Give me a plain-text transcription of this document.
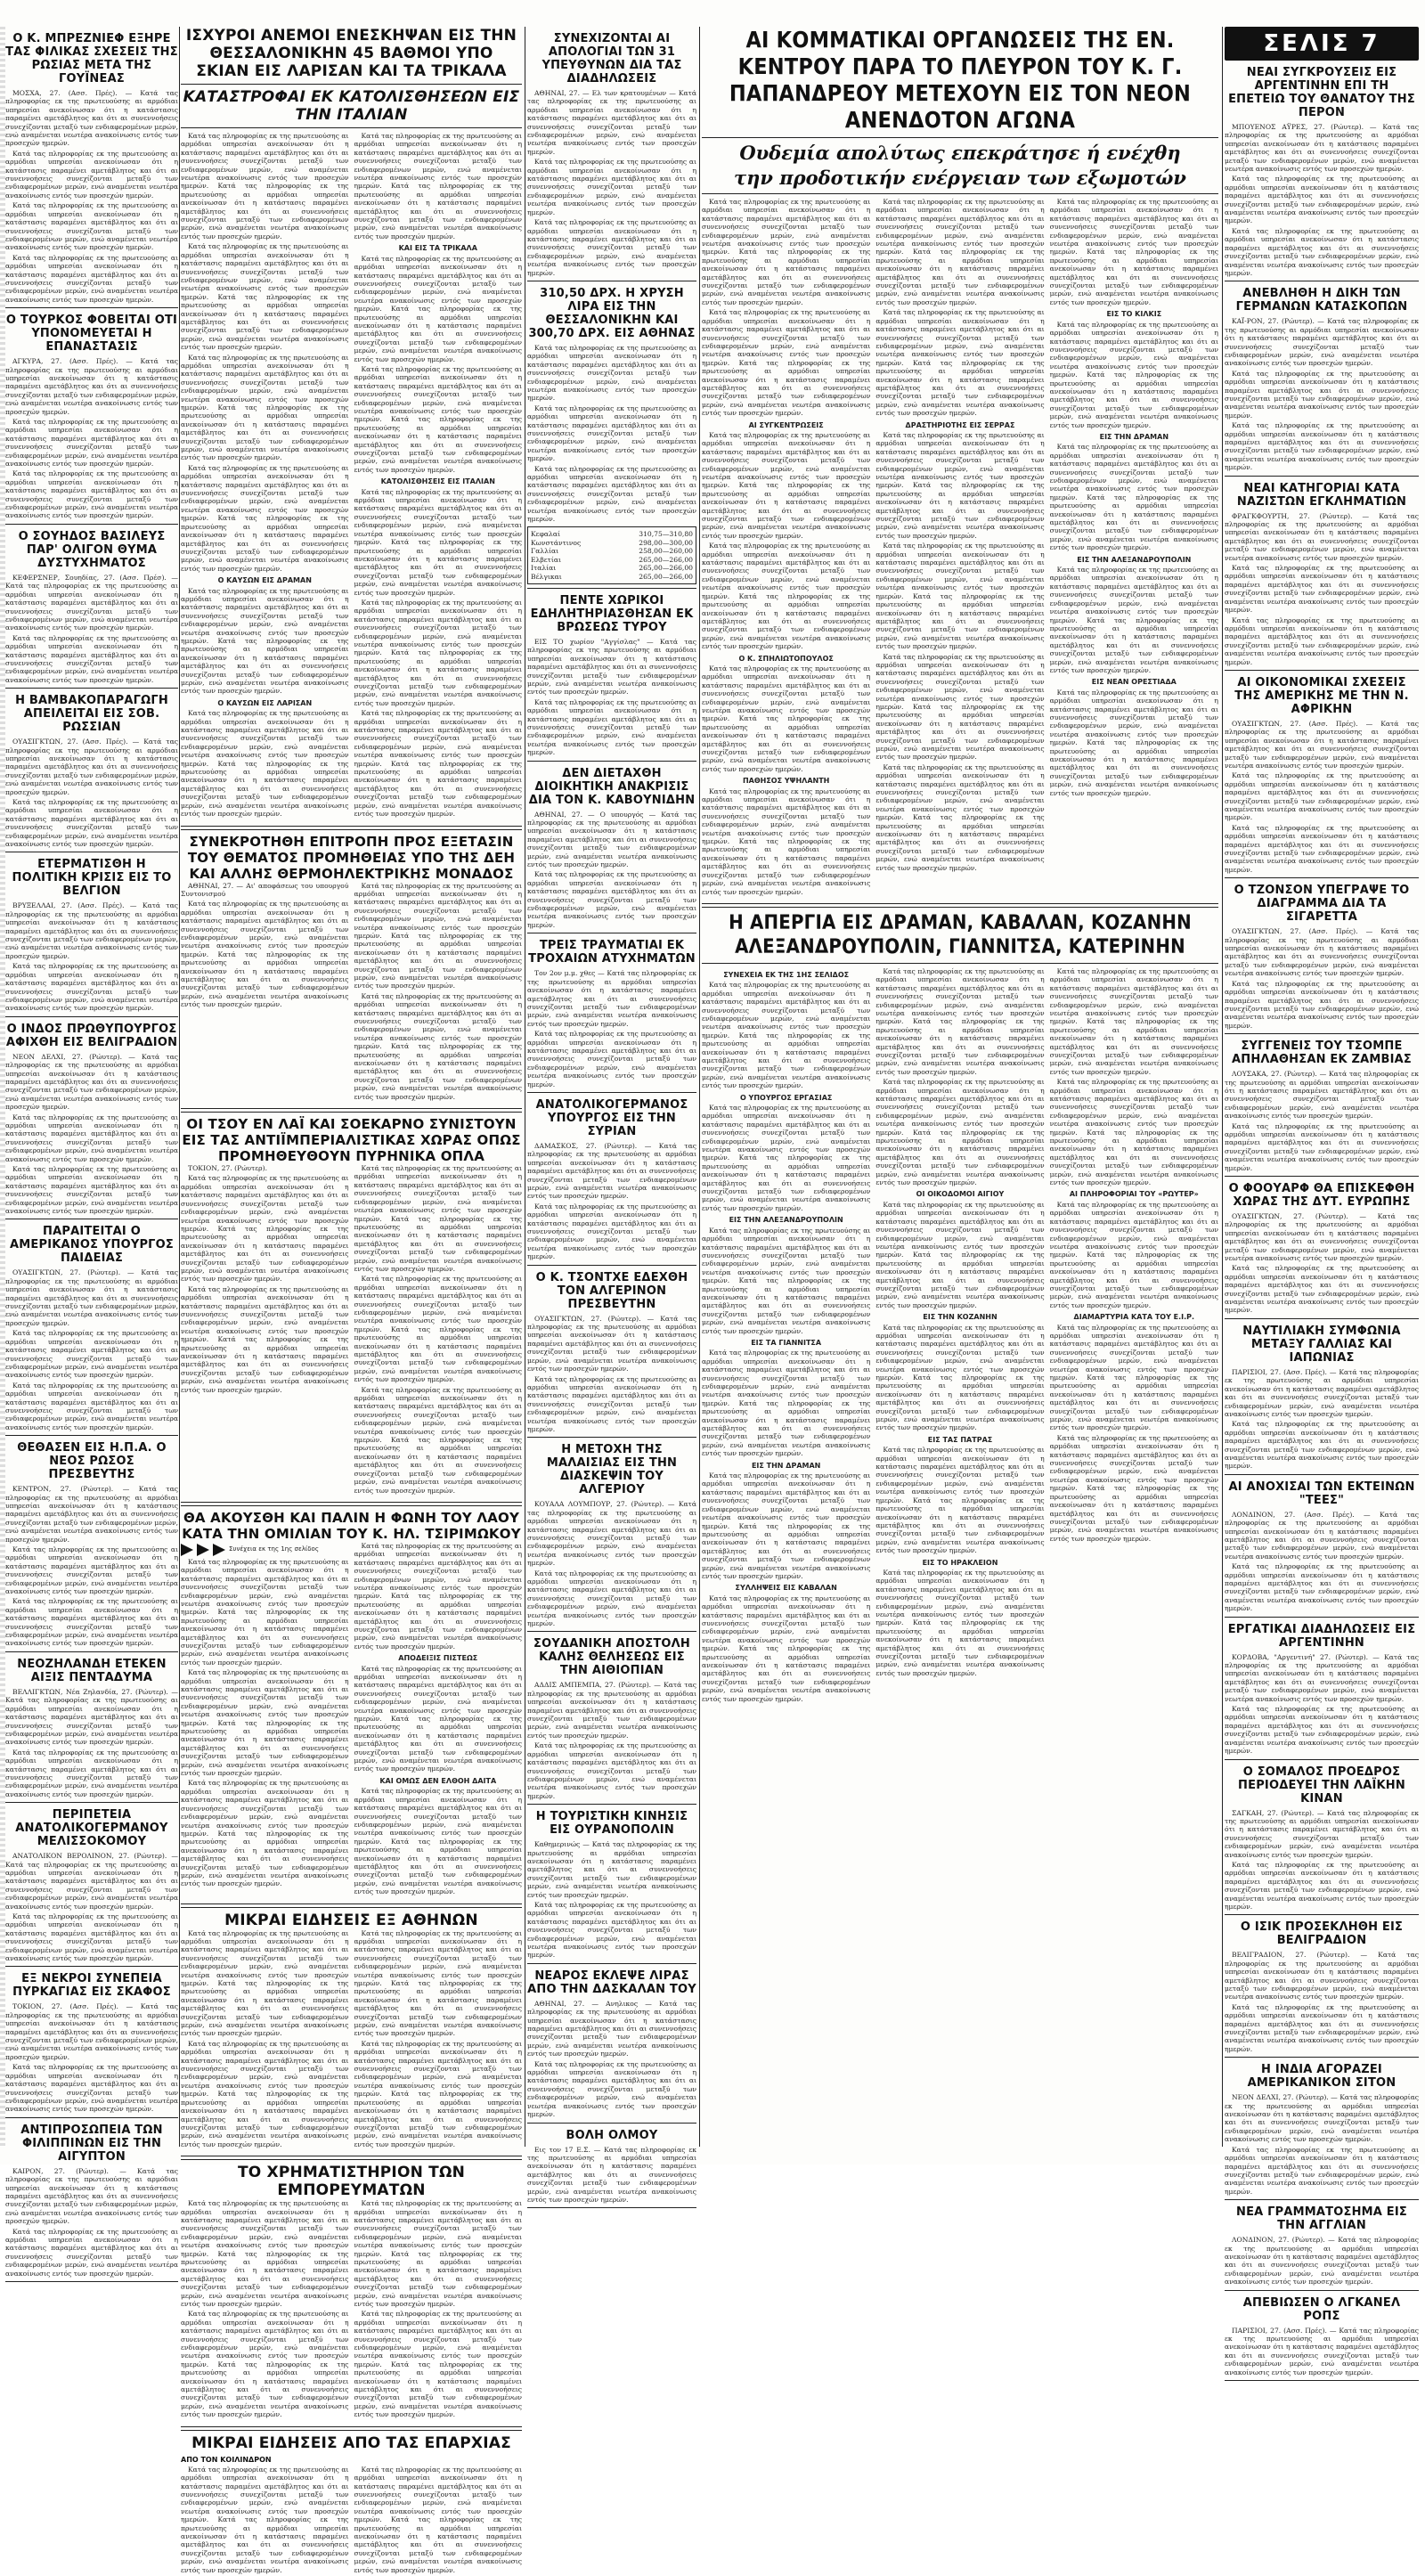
Ο Κ. ΜΠΡΕΖΝΙΕΦ ΕΞΗΡΕ ΤΑΣ ΦΙΛΙΚΑΣ ΣΧΕΣΕΙΣ ΤΗΣ ΡΩΣΙΑΣ ΜΕΤΑ ΤΗΣ ΓΟΥΪΝΕΑΣ

ΜΟΣΧΑ, 27. (Ασσ. Πρές). — Κατά τας πληροφορίας εκ της πρωτευούσης αι αρμόδιαι υπηρεσίαι ανεκοίνωσαν ότι η κατάστασις παραμένει αμετάβλητος και ότι αι συνεννοήσεις συνεχίζονται μεταξύ των ενδιαφερομένων μερών, ενώ αναμένεται νεωτέρα ανακοίνωσις εντός των προσεχών ημερών.

Κατά τας πληροφορίας εκ της πρωτευούσης αι αρμόδιαι υπηρεσίαι ανεκοίνωσαν ότι η κατάστασις παραμένει αμετάβλητος και ότι αι συνεννοήσεις συνεχίζονται μεταξύ των ενδιαφερομένων μερών, ενώ αναμένεται νεωτέρα ανακοίνωσις εντός των προσεχών ημερών.

Κατά τας πληροφορίας εκ της πρωτευούσης αι αρμόδιαι υπηρεσίαι ανεκοίνωσαν ότι η κατάστασις παραμένει αμετάβλητος και ότι αι συνεννοήσεις συνεχίζονται μεταξύ των ενδιαφερομένων μερών, ενώ αναμένεται νεωτέρα ανακοίνωσις εντός των προσεχών ημερών.

Κατά τας πληροφορίας εκ της πρωτευούσης αι αρμόδιαι υπηρεσίαι ανεκοίνωσαν ότι η κατάστασις παραμένει αμετάβλητος και ότι αι συνεννοήσεις συνεχίζονται μεταξύ των ενδιαφερομένων μερών, ενώ αναμένεται νεωτέρα ανακοίνωσις εντός των προσεχών ημερών.

Ο ΤΟΥΡΚΟΣ ΦΟΒΕΙΤΑΙ ΟΤΙ ΥΠΟΝΟΜΕΥΕΤΑΙ Η ΕΠΑΝΑΣΤΑΣΙΣ

ΑΓΚΥΡΑ, 27. (Ασσ. Πρές). — Κατά τας πληροφορίας εκ της πρωτευούσης αι αρμόδιαι υπηρεσίαι ανεκοίνωσαν ότι η κατάστασις παραμένει αμετάβλητος και ότι αι συνεννοήσεις συνεχίζονται μεταξύ των ενδιαφερομένων μερών, ενώ αναμένεται νεωτέρα ανακοίνωσις εντός των προσεχών ημερών.

Κατά τας πληροφορίας εκ της πρωτευούσης αι αρμόδιαι υπηρεσίαι ανεκοίνωσαν ότι η κατάστασις παραμένει αμετάβλητος και ότι αι συνεννοήσεις συνεχίζονται μεταξύ των ενδιαφερομένων μερών, ενώ αναμένεται νεωτέρα ανακοίνωσις εντός των προσεχών ημερών.

Κατά τας πληροφορίας εκ της πρωτευούσης αι αρμόδιαι υπηρεσίαι ανεκοίνωσαν ότι η κατάστασις παραμένει αμετάβλητος και ότι αι συνεννοήσεις συνεχίζονται μεταξύ των ενδιαφερομένων μερών, ενώ αναμένεται νεωτέρα ανακοίνωσις εντός των προσεχών ημερών.

Ο ΣΟΥΗΔΟΣ ΒΑΣΙΛΕΥΣ ΠΑΡ' ΟΛΙΓΟΝ ΘΥΜΑ ΔΥΣΤΥΧΗΜΑΤΟΣ

ΚΕΦΕΡΣΝΕΡ, Σουηδίας, 27. (Ασσ. Πρέσ). — Κατά τας πληροφορίας εκ της πρωτευούσης αι αρμόδιαι υπηρεσίαι ανεκοίνωσαν ότι η κατάστασις παραμένει αμετάβλητος και ότι αι συνεννοήσεις συνεχίζονται μεταξύ των ενδιαφερομένων μερών, ενώ αναμένεται νεωτέρα ανακοίνωσις εντός των προσεχών ημερών.

Κατά τας πληροφορίας εκ της πρωτευούσης αι αρμόδιαι υπηρεσίαι ανεκοίνωσαν ότι η κατάστασις παραμένει αμετάβλητος και ότι αι συνεννοήσεις συνεχίζονται μεταξύ των ενδιαφερομένων μερών, ενώ αναμένεται νεωτέρα ανακοίνωσις εντός των προσεχών ημερών.

Η ΒΑΜΒΑΚΟΠΑΡΑΓΩΓΗ ΑΠΕΙΛΕΙΤΑΙ ΕΙΣ ΣΟΒ. ΡΩΣΣΙΑΝ

ΟΥΑΣΙΓΚΤΩΝ, 27. (Ασσ. Πρές). — Κατά τας πληροφορίας εκ της πρωτευούσης αι αρμόδιαι υπηρεσίαι ανεκοίνωσαν ότι η κατάστασις παραμένει αμετάβλητος και ότι αι συνεννοήσεις συνεχίζονται μεταξύ των ενδιαφερομένων μερών, ενώ αναμένεται νεωτέρα ανακοίνωσις εντός των προσεχών ημερών.

Κατά τας πληροφορίας εκ της πρωτευούσης αι αρμόδιαι υπηρεσίαι ανεκοίνωσαν ότι η κατάστασις παραμένει αμετάβλητος και ότι αι συνεννοήσεις συνεχίζονται μεταξύ των ενδιαφερομένων μερών, ενώ αναμένεται νεωτέρα ανακοίνωσις εντός των προσεχών ημερών.

ΕΤΕΡΜΑΤΙΣΘΗ Η ΠΟΛΙΤΙΚΗ ΚΡΙΣΙΣ ΕΙΣ ΤΟ ΒΕΛΓΙΟΝ

ΒΡΥΞΕΛΛΑΙ, 27. (Ασσ. Πρές). — Κατά τας πληροφορίας εκ της πρωτευούσης αι αρμόδιαι υπηρεσίαι ανεκοίνωσαν ότι η κατάστασις παραμένει αμετάβλητος και ότι αι συνεννοήσεις συνεχίζονται μεταξύ των ενδιαφερομένων μερών, ενώ αναμένεται νεωτέρα ανακοίνωσις εντός των προσεχών ημερών.

Κατά τας πληροφορίας εκ της πρωτευούσης αι αρμόδιαι υπηρεσίαι ανεκοίνωσαν ότι η κατάστασις παραμένει αμετάβλητος και ότι αι συνεννοήσεις συνεχίζονται μεταξύ των ενδιαφερομένων μερών, ενώ αναμένεται νεωτέρα ανακοίνωσις εντός των προσεχών ημερών.

Ο ΙΝΔΟΣ ΠΡΩΘΥΠΟΥΡΓΟΣ ΑΦΙΧΘΗ ΕΙΣ ΒΕΛΙΓΡΑΔΙΟΝ

ΝΕΟΝ ΔΕΛΧΙ, 27. (Ρώυτερ). — Κατά τας πληροφορίας εκ της πρωτευούσης αι αρμόδιαι υπηρεσίαι ανεκοίνωσαν ότι η κατάστασις παραμένει αμετάβλητος και ότι αι συνεννοήσεις συνεχίζονται μεταξύ των ενδιαφερομένων μερών, ενώ αναμένεται νεωτέρα ανακοίνωσις εντός των προσεχών ημερών.

Κατά τας πληροφορίας εκ της πρωτευούσης αι αρμόδιαι υπηρεσίαι ανεκοίνωσαν ότι η κατάστασις παραμένει αμετάβλητος και ότι αι συνεννοήσεις συνεχίζονται μεταξύ των ενδιαφερομένων μερών, ενώ αναμένεται νεωτέρα ανακοίνωσις εντός των προσεχών ημερών.

Κατά τας πληροφορίας εκ της πρωτευούσης αι αρμόδιαι υπηρεσίαι ανεκοίνωσαν ότι η κατάστασις παραμένει αμετάβλητος και ότι αι συνεννοήσεις συνεχίζονται μεταξύ των ενδιαφερομένων μερών, ενώ αναμένεται νεωτέρα ανακοίνωσις εντός των προσεχών ημερών.

ΠΑΡΑΙΤΕΙΤΑΙ Ο ΑΜΕΡΙΚΑΝΟΣ ΥΠΟΥΡΓΟΣ ΠΑΙΔΕΙΑΣ

ΟΥΑΣΙΓΚΤΩΝ, 27. (Ρώυτερ). — Κατά τας πληροφορίας εκ της πρωτευούσης αι αρμόδιαι υπηρεσίαι ανεκοίνωσαν ότι η κατάστασις παραμένει αμετάβλητος και ότι αι συνεννοήσεις συνεχίζονται μεταξύ των ενδιαφερομένων μερών, ενώ αναμένεται νεωτέρα ανακοίνωσις εντός των προσεχών ημερών.

Κατά τας πληροφορίας εκ της πρωτευούσης αι αρμόδιαι υπηρεσίαι ανεκοίνωσαν ότι η κατάστασις παραμένει αμετάβλητος και ότι αι συνεννοήσεις συνεχίζονται μεταξύ των ενδιαφερομένων μερών, ενώ αναμένεται νεωτέρα ανακοίνωσις εντός των προσεχών ημερών.

Κατά τας πληροφορίας εκ της πρωτευούσης αι αρμόδιαι υπηρεσίαι ανεκοίνωσαν ότι η κατάστασις παραμένει αμετάβλητος και ότι αι συνεννοήσεις συνεχίζονται μεταξύ των ενδιαφερομένων μερών, ενώ αναμένεται νεωτέρα ανακοίνωσις εντός των προσεχών ημερών.

ΘΕΘΑΣΕΝ ΕΙΣ Η.Π.Α. Ο ΝΕΟΣ ΡΩΣΟΣ ΠΡΕΣΒΕΥΤΗΣ

ΚΕΝΤΡΟΝ, 27. (Ρώυτερ). — Κατά τας πληροφορίας εκ της πρωτευούσης αι αρμόδιαι υπηρεσίαι ανεκοίνωσαν ότι η κατάστασις παραμένει αμετάβλητος και ότι αι συνεννοήσεις συνεχίζονται μεταξύ των ενδιαφερομένων μερών, ενώ αναμένεται νεωτέρα ανακοίνωσις εντός των προσεχών ημερών.

Κατά τας πληροφορίας εκ της πρωτευούσης αι αρμόδιαι υπηρεσίαι ανεκοίνωσαν ότι η κατάστασις παραμένει αμετάβλητος και ότι αι συνεννοήσεις συνεχίζονται μεταξύ των ενδιαφερομένων μερών, ενώ αναμένεται νεωτέρα ανακοίνωσις εντός των προσεχών ημερών.

Κατά τας πληροφορίας εκ της πρωτευούσης αι αρμόδιαι υπηρεσίαι ανεκοίνωσαν ότι η κατάστασις παραμένει αμετάβλητος και ότι αι συνεννοήσεις συνεχίζονται μεταξύ των ενδιαφερομένων μερών, ενώ αναμένεται νεωτέρα ανακοίνωσις εντός των προσεχών ημερών.

ΝΕΟΖΗΛΑΝΔΗ ΕΤΕΚΕΝ ΑΙΞΙΣ ΠΕΝΤΑΔΥΜΑ

ΒΕΛΛΙΓΚΤΩΝ, Νέα Ζηλανδία, 27. (Ρώυτερ). — Κατά τας πληροφορίας εκ της πρωτευούσης αι αρμόδιαι υπηρεσίαι ανεκοίνωσαν ότι η κατάστασις παραμένει αμετάβλητος και ότι αι συνεννοήσεις συνεχίζονται μεταξύ των ενδιαφερομένων μερών, ενώ αναμένεται νεωτέρα ανακοίνωσις εντός των προσεχών ημερών.

Κατά τας πληροφορίας εκ της πρωτευούσης αι αρμόδιαι υπηρεσίαι ανεκοίνωσαν ότι η κατάστασις παραμένει αμετάβλητος και ότι αι συνεννοήσεις συνεχίζονται μεταξύ των ενδιαφερομένων μερών, ενώ αναμένεται νεωτέρα ανακοίνωσις εντός των προσεχών ημερών.

ΠΕΡΙΠΕΤΕΙΑ ΑΝΑΤΟΛΙΚΟΓΕΡΜΑΝΟΥ ΜΕΛΙΣΣΟΚΟΜΟΥ

ΑΝΑΤΟΛΙΚΟΝ ΒΕΡΟΛΙΝΟΝ, 27. (Ρώυτερ). — Κατά τας πληροφορίας εκ της πρωτευούσης αι αρμόδιαι υπηρεσίαι ανεκοίνωσαν ότι η κατάστασις παραμένει αμετάβλητος και ότι αι συνεννοήσεις συνεχίζονται μεταξύ των ενδιαφερομένων μερών, ενώ αναμένεται νεωτέρα ανακοίνωσις εντός των προσεχών ημερών.

Κατά τας πληροφορίας εκ της πρωτευούσης αι αρμόδιαι υπηρεσίαι ανεκοίνωσαν ότι η κατάστασις παραμένει αμετάβλητος και ότι αι συνεννοήσεις συνεχίζονται μεταξύ των ενδιαφερομένων μερών, ενώ αναμένεται νεωτέρα ανακοίνωσις εντός των προσεχών ημερών.

ΕΞ ΝΕΚΡΟΙ ΣΥΝΕΠΕΙΑ ΠΥΡΚΑΓΙΑΣ ΕΙΣ ΣΚΑΦΟΣ

ΤΟΚΙΟΝ, 27. (Ασσ. Πρές). — Κατά τας πληροφορίας εκ της πρωτευούσης αι αρμόδιαι υπηρεσίαι ανεκοίνωσαν ότι η κατάστασις παραμένει αμετάβλητος και ότι αι συνεννοήσεις συνεχίζονται μεταξύ των ενδιαφερομένων μερών, ενώ αναμένεται νεωτέρα ανακοίνωσις εντός των προσεχών ημερών.

Κατά τας πληροφορίας εκ της πρωτευούσης αι αρμόδιαι υπηρεσίαι ανεκοίνωσαν ότι η κατάστασις παραμένει αμετάβλητος και ότι αι συνεννοήσεις συνεχίζονται μεταξύ των ενδιαφερομένων μερών, ενώ αναμένεται νεωτέρα ανακοίνωσις εντός των προσεχών ημερών.

ΑΝΤΙΠΡΟΣΩΠΕΙΑ ΤΩΝ ΦΙΛΙΠΠΙΝΩΝ ΕΙΣ ΤΗΝ ΑΙΓΥΠΤΟΝ

ΚΑΙΡΟΝ, 27. (Ρώυτερ). — Κατά τας πληροφορίας εκ της πρωτευούσης αι αρμόδιαι υπηρεσίαι ανεκοίνωσαν ότι η κατάστασις παραμένει αμετάβλητος και ότι αι συνεννοήσεις συνεχίζονται μεταξύ των ενδιαφερομένων μερών, ενώ αναμένεται νεωτέρα ανακοίνωσις εντός των προσεχών ημερών.

Κατά τας πληροφορίας εκ της πρωτευούσης αι αρμόδιαι υπηρεσίαι ανεκοίνωσαν ότι η κατάστασις παραμένει αμετάβλητος και ότι αι συνεννοήσεις συνεχίζονται μεταξύ των ενδιαφερομένων μερών, ενώ αναμένεται νεωτέρα ανακοίνωσις εντός των προσεχών ημερών.

ΙΣΧΥΡΟΙ ΑΝΕΜΟΙ ΕΝΕΣΚΗΨΑΝ ΕΙΣ ΤΗΝ ΘΕΣΣΑΛΟΝΙΚΗΝ 45 ΒΑΘΜΟΙ ΥΠΟ ΣΚΙΑΝ ΕΙΣ ΛΑΡΙΣΑΝ ΚΑΙ ΤΑ ΤΡΙΚΑΛΑ
ΚΑΤΑΣΤΡΟΦΑΙ ΕΚ ΚΑΤΟΛΙΣΘΗΣΕΩΝ ΕΙΣ ΤΗΝ ΙΤΑΛΙΑΝ

Κατά τας πληροφορίας εκ της πρωτευούσης αι αρμόδιαι υπηρεσίαι ανεκοίνωσαν ότι η κατάστασις παραμένει αμετάβλητος και ότι αι συνεννοήσεις συνεχίζονται μεταξύ των ενδιαφερομένων μερών, ενώ αναμένεται νεωτέρα ανακοίνωσις εντός των προσεχών ημερών. Κατά τας πληροφορίας εκ της πρωτευούσης αι αρμόδιαι υπηρεσίαι ανεκοίνωσαν ότι η κατάστασις παραμένει αμετάβλητος και ότι αι συνεννοήσεις συνεχίζονται μεταξύ των ενδιαφερομένων μερών, ενώ αναμένεται νεωτέρα ανακοίνωσις εντός των προσεχών ημερών.

Κατά τας πληροφορίας εκ της πρωτευούσης αι αρμόδιαι υπηρεσίαι ανεκοίνωσαν ότι η κατάστασις παραμένει αμετάβλητος και ότι αι συνεννοήσεις συνεχίζονται μεταξύ των ενδιαφερομένων μερών, ενώ αναμένεται νεωτέρα ανακοίνωσις εντός των προσεχών ημερών. Κατά τας πληροφορίας εκ της πρωτευούσης αι αρμόδιαι υπηρεσίαι ανεκοίνωσαν ότι η κατάστασις παραμένει αμετάβλητος και ότι αι συνεννοήσεις συνεχίζονται μεταξύ των ενδιαφερομένων μερών, ενώ αναμένεται νεωτέρα ανακοίνωσις εντός των προσεχών ημερών.

Κατά τας πληροφορίας εκ της πρωτευούσης αι αρμόδιαι υπηρεσίαι ανεκοίνωσαν ότι η κατάστασις παραμένει αμετάβλητος και ότι αι συνεννοήσεις συνεχίζονται μεταξύ των ενδιαφερομένων μερών, ενώ αναμένεται νεωτέρα ανακοίνωσις εντός των προσεχών ημερών. Κατά τας πληροφορίας εκ της πρωτευούσης αι αρμόδιαι υπηρεσίαι ανεκοίνωσαν ότι η κατάστασις παραμένει αμετάβλητος και ότι αι συνεννοήσεις συνεχίζονται μεταξύ των ενδιαφερομένων μερών, ενώ αναμένεται νεωτέρα ανακοίνωσις εντός των προσεχών ημερών.

Κατά τας πληροφορίας εκ της πρωτευούσης αι αρμόδιαι υπηρεσίαι ανεκοίνωσαν ότι η κατάστασις παραμένει αμετάβλητος και ότι αι συνεννοήσεις συνεχίζονται μεταξύ των ενδιαφερομένων μερών, ενώ αναμένεται νεωτέρα ανακοίνωσις εντός των προσεχών ημερών. Κατά τας πληροφορίας εκ της πρωτευούσης αι αρμόδιαι υπηρεσίαι ανεκοίνωσαν ότι η κατάστασις παραμένει αμετάβλητος και ότι αι συνεννοήσεις συνεχίζονται μεταξύ των ενδιαφερομένων μερών, ενώ αναμένεται νεωτέρα ανακοίνωσις εντός των προσεχών ημερών.

Ο ΚΑΥΣΩΝ ΕΙΣ ΔΡΑΜΑΝ

Κατά τας πληροφορίας εκ της πρωτευούσης αι αρμόδιαι υπηρεσίαι ανεκοίνωσαν ότι η κατάστασις παραμένει αμετάβλητος και ότι αι συνεννοήσεις συνεχίζονται μεταξύ των ενδιαφερομένων μερών, ενώ αναμένεται νεωτέρα ανακοίνωσις εντός των προσεχών ημερών. Κατά τας πληροφορίας εκ της πρωτευούσης αι αρμόδιαι υπηρεσίαι ανεκοίνωσαν ότι η κατάστασις παραμένει αμετάβλητος και ότι αι συνεννοήσεις συνεχίζονται μεταξύ των ενδιαφερομένων μερών, ενώ αναμένεται νεωτέρα ανακοίνωσις εντός των προσεχών ημερών.

Ο ΚΑΥΣΩΝ ΕΙΣ ΛΑΡΙΣΑΝ

Κατά τας πληροφορίας εκ της πρωτευούσης αι αρμόδιαι υπηρεσίαι ανεκοίνωσαν ότι η κατάστασις παραμένει αμετάβλητος και ότι αι συνεννοήσεις συνεχίζονται μεταξύ των ενδιαφερομένων μερών, ενώ αναμένεται νεωτέρα ανακοίνωσις εντός των προσεχών ημερών. Κατά τας πληροφορίας εκ της πρωτευούσης αι αρμόδιαι υπηρεσίαι ανεκοίνωσαν ότι η κατάστασις παραμένει αμετάβλητος και ότι αι συνεννοήσεις συνεχίζονται μεταξύ των ενδιαφερομένων μερών, ενώ αναμένεται νεωτέρα ανακοίνωσις εντός των προσεχών ημερών.

Κατά τας πληροφορίας εκ της πρωτευούσης αι αρμόδιαι υπηρεσίαι ανεκοίνωσαν ότι η κατάστασις παραμένει αμετάβλητος και ότι αι συνεννοήσεις συνεχίζονται μεταξύ των ενδιαφερομένων μερών, ενώ αναμένεται νεωτέρα ανακοίνωσις εντός των προσεχών ημερών. Κατά τας πληροφορίας εκ της πρωτευούσης αι αρμόδιαι υπηρεσίαι ανεκοίνωσαν ότι η κατάστασις παραμένει αμετάβλητος και ότι αι συνεννοήσεις συνεχίζονται μεταξύ των ενδιαφερομένων μερών, ενώ αναμένεται νεωτέρα ανακοίνωσις εντός των προσεχών ημερών.

ΚΑΙ ΕΙΣ ΤΑ ΤΡΙΚΑΛΑ

Κατά τας πληροφορίας εκ της πρωτευούσης αι αρμόδιαι υπηρεσίαι ανεκοίνωσαν ότι η κατάστασις παραμένει αμετάβλητος και ότι αι συνεννοήσεις συνεχίζονται μεταξύ των ενδιαφερομένων μερών, ενώ αναμένεται νεωτέρα ανακοίνωσις εντός των προσεχών ημερών. Κατά τας πληροφορίας εκ της πρωτευούσης αι αρμόδιαι υπηρεσίαι ανεκοίνωσαν ότι η κατάστασις παραμένει αμετάβλητος και ότι αι συνεννοήσεις συνεχίζονται μεταξύ των ενδιαφερομένων μερών, ενώ αναμένεται νεωτέρα ανακοίνωσις εντός των προσεχών ημερών.

Κατά τας πληροφορίας εκ της πρωτευούσης αι αρμόδιαι υπηρεσίαι ανεκοίνωσαν ότι η κατάστασις παραμένει αμετάβλητος και ότι αι συνεννοήσεις συνεχίζονται μεταξύ των ενδιαφερομένων μερών, ενώ αναμένεται νεωτέρα ανακοίνωσις εντός των προσεχών ημερών. Κατά τας πληροφορίας εκ της πρωτευούσης αι αρμόδιαι υπηρεσίαι ανεκοίνωσαν ότι η κατάστασις παραμένει αμετάβλητος και ότι αι συνεννοήσεις συνεχίζονται μεταξύ των ενδιαφερομένων μερών, ενώ αναμένεται νεωτέρα ανακοίνωσις εντός των προσεχών ημερών.

ΚΑΤΟΛΙΣΘΗΣΕΙΣ ΕΙΣ ΙΤΑΛΙΑΝ

Κατά τας πληροφορίας εκ της πρωτευούσης αι αρμόδιαι υπηρεσίαι ανεκοίνωσαν ότι η κατάστασις παραμένει αμετάβλητος και ότι αι συνεννοήσεις συνεχίζονται μεταξύ των ενδιαφερομένων μερών, ενώ αναμένεται νεωτέρα ανακοίνωσις εντός των προσεχών ημερών. Κατά τας πληροφορίας εκ της πρωτευούσης αι αρμόδιαι υπηρεσίαι ανεκοίνωσαν ότι η κατάστασις παραμένει αμετάβλητος και ότι αι συνεννοήσεις συνεχίζονται μεταξύ των ενδιαφερομένων μερών, ενώ αναμένεται νεωτέρα ανακοίνωσις εντός των προσεχών ημερών.

Κατά τας πληροφορίας εκ της πρωτευούσης αι αρμόδιαι υπηρεσίαι ανεκοίνωσαν ότι η κατάστασις παραμένει αμετάβλητος και ότι αι συνεννοήσεις συνεχίζονται μεταξύ των ενδιαφερομένων μερών, ενώ αναμένεται νεωτέρα ανακοίνωσις εντός των προσεχών ημερών. Κατά τας πληροφορίας εκ της πρωτευούσης αι αρμόδιαι υπηρεσίαι ανεκοίνωσαν ότι η κατάστασις παραμένει αμετάβλητος και ότι αι συνεννοήσεις συνεχίζονται μεταξύ των ενδιαφερομένων μερών, ενώ αναμένεται νεωτέρα ανακοίνωσις εντός των προσεχών ημερών.

Κατά τας πληροφορίας εκ της πρωτευούσης αι αρμόδιαι υπηρεσίαι ανεκοίνωσαν ότι η κατάστασις παραμένει αμετάβλητος και ότι αι συνεννοήσεις συνεχίζονται μεταξύ των ενδιαφερομένων μερών, ενώ αναμένεται νεωτέρα ανακοίνωσις εντός των προσεχών ημερών. Κατά τας πληροφορίας εκ της πρωτευούσης αι αρμόδιαι υπηρεσίαι ανεκοίνωσαν ότι η κατάστασις παραμένει αμετάβλητος και ότι αι συνεννοήσεις συνεχίζονται μεταξύ των ενδιαφερομένων μερών, ενώ αναμένεται νεωτέρα ανακοίνωσις εντός των προσεχών ημερών.

ΣΥΝΕΚΡΟΤΗΘΗ ΕΠΙΤΡΟΠΗ ΠΡΟΣ ΕΞΕΤΑΣΙΝ ΤΟΥ ΘΕΜΑΤΟΣ ΠΡΟΜΗΘΕΙΑΣ ΥΠΟ ΤΗΣ ΔΕΗ ΚΑΙ ΑΛΛΗΣ ΘΕΡΜΟΗΛΕΚΤΡΙΚΗΣ ΜΟΝΑΔΟΣ

ΑΘΗΝΑΙ, 27. — Αι' αποφάσεως του υπουργού Συντονισμού

Κατά τας πληροφορίας εκ της πρωτευούσης αι αρμόδιαι υπηρεσίαι ανεκοίνωσαν ότι η κατάστασις παραμένει αμετάβλητος και ότι αι συνεννοήσεις συνεχίζονται μεταξύ των ενδιαφερομένων μερών, ενώ αναμένεται νεωτέρα ανακοίνωσις εντός των προσεχών ημερών. Κατά τας πληροφορίας εκ της πρωτευούσης αι αρμόδιαι υπηρεσίαι ανεκοίνωσαν ότι η κατάστασις παραμένει αμετάβλητος και ότι αι συνεννοήσεις συνεχίζονται μεταξύ των ενδιαφερομένων μερών, ενώ αναμένεται νεωτέρα ανακοίνωσις εντός των προσεχών ημερών.

Κατά τας πληροφορίας εκ της πρωτευούσης αι αρμόδιαι υπηρεσίαι ανεκοίνωσαν ότι η κατάστασις παραμένει αμετάβλητος και ότι αι συνεννοήσεις συνεχίζονται μεταξύ των ενδιαφερομένων μερών, ενώ αναμένεται νεωτέρα ανακοίνωσις εντός των προσεχών ημερών. Κατά τας πληροφορίας εκ της πρωτευούσης αι αρμόδιαι υπηρεσίαι ανεκοίνωσαν ότι η κατάστασις παραμένει αμετάβλητος και ότι αι συνεννοήσεις συνεχίζονται μεταξύ των ενδιαφερομένων μερών, ενώ αναμένεται νεωτέρα ανακοίνωσις εντός των προσεχών ημερών.

Κατά τας πληροφορίας εκ της πρωτευούσης αι αρμόδιαι υπηρεσίαι ανεκοίνωσαν ότι η κατάστασις παραμένει αμετάβλητος και ότι αι συνεννοήσεις συνεχίζονται μεταξύ των ενδιαφερομένων μερών, ενώ αναμένεται νεωτέρα ανακοίνωσις εντός των προσεχών ημερών. Κατά τας πληροφορίας εκ της πρωτευούσης αι αρμόδιαι υπηρεσίαι ανεκοίνωσαν ότι η κατάστασις παραμένει αμετάβλητος και ότι αι συνεννοήσεις συνεχίζονται μεταξύ των ενδιαφερομένων μερών, ενώ αναμένεται νεωτέρα ανακοίνωσις εντός των προσεχών ημερών.

ΟΙ ΤΣΟΥ ΕΝ ΛΑΪ ΚΑΙ ΣΟΕΚΑΡΝΟ ΣΥΝΙΣΤΟΥΝ ΕΙΣ ΤΑΣ ΑΝΤΙΪΜΠΕΡΙΑΛΙΣΤΙΚΑΣ ΧΩΡΑΣ ΟΠΩΣ ΠΡΟΜΗΘΕΥΘΟΥΝ ΠΥΡΗΝΙΚΑ ΟΠΛΑ

ΤΟΚΙΟΝ, 27. (Ρώυτερ).

Κατά τας πληροφορίας εκ της πρωτευούσης αι αρμόδιαι υπηρεσίαι ανεκοίνωσαν ότι η κατάστασις παραμένει αμετάβλητος και ότι αι συνεννοήσεις συνεχίζονται μεταξύ των ενδιαφερομένων μερών, ενώ αναμένεται νεωτέρα ανακοίνωσις εντός των προσεχών ημερών. Κατά τας πληροφορίας εκ της πρωτευούσης αι αρμόδιαι υπηρεσίαι ανεκοίνωσαν ότι η κατάστασις παραμένει αμετάβλητος και ότι αι συνεννοήσεις συνεχίζονται μεταξύ των ενδιαφερομένων μερών, ενώ αναμένεται νεωτέρα ανακοίνωσις εντός των προσεχών ημερών.

Κατά τας πληροφορίας εκ της πρωτευούσης αι αρμόδιαι υπηρεσίαι ανεκοίνωσαν ότι η κατάστασις παραμένει αμετάβλητος και ότι αι συνεννοήσεις συνεχίζονται μεταξύ των ενδιαφερομένων μερών, ενώ αναμένεται νεωτέρα ανακοίνωσις εντός των προσεχών ημερών. Κατά τας πληροφορίας εκ της πρωτευούσης αι αρμόδιαι υπηρεσίαι ανεκοίνωσαν ότι η κατάστασις παραμένει αμετάβλητος και ότι αι συνεννοήσεις συνεχίζονται μεταξύ των ενδιαφερομένων μερών, ενώ αναμένεται νεωτέρα ανακοίνωσις εντός των προσεχών ημερών.

Κατά τας πληροφορίας εκ της πρωτευούσης αι αρμόδιαι υπηρεσίαι ανεκοίνωσαν ότι η κατάστασις παραμένει αμετάβλητος και ότι αι συνεννοήσεις συνεχίζονται μεταξύ των ενδιαφερομένων μερών, ενώ αναμένεται νεωτέρα ανακοίνωσις εντός των προσεχών ημερών. Κατά τας πληροφορίας εκ της πρωτευούσης αι αρμόδιαι υπηρεσίαι ανεκοίνωσαν ότι η κατάστασις παραμένει αμετάβλητος και ότι αι συνεννοήσεις συνεχίζονται μεταξύ των ενδιαφερομένων μερών, ενώ αναμένεται νεωτέρα ανακοίνωσις εντός των προσεχών ημερών.

Κατά τας πληροφορίας εκ της πρωτευούσης αι αρμόδιαι υπηρεσίαι ανεκοίνωσαν ότι η κατάστασις παραμένει αμετάβλητος και ότι αι συνεννοήσεις συνεχίζονται μεταξύ των ενδιαφερομένων μερών, ενώ αναμένεται νεωτέρα ανακοίνωσις εντός των προσεχών ημερών. Κατά τας πληροφορίας εκ της πρωτευούσης αι αρμόδιαι υπηρεσίαι ανεκοίνωσαν ότι η κατάστασις παραμένει αμετάβλητος και ότι αι συνεννοήσεις συνεχίζονται μεταξύ των ενδιαφερομένων μερών, ενώ αναμένεται νεωτέρα ανακοίνωσις εντός των προσεχών ημερών.

Κατά τας πληροφορίας εκ της πρωτευούσης αι αρμόδιαι υπηρεσίαι ανεκοίνωσαν ότι η κατάστασις παραμένει αμετάβλητος και ότι αι συνεννοήσεις συνεχίζονται μεταξύ των ενδιαφερομένων μερών, ενώ αναμένεται νεωτέρα ανακοίνωσις εντός των προσεχών ημερών. Κατά τας πληροφορίας εκ της πρωτευούσης αι αρμόδιαι υπηρεσίαι ανεκοίνωσαν ότι η κατάστασις παραμένει αμετάβλητος και ότι αι συνεννοήσεις συνεχίζονται μεταξύ των ενδιαφερομένων μερών, ενώ αναμένεται νεωτέρα ανακοίνωσις εντός των προσεχών ημερών.

ΘΑ ΑΚΟΥΣΘΗ ΚΑΙ ΠΑΛΙΝ Η ΦΩΝΗ ΤΟΥ ΛΑΟΥ ΚΑΤΑ ΤΗΝ ΟΜΙΛΙΑΝ ΤΟΥ Κ. ΗΛ. ΤΣΙΡΙΜΩΚΟΥ
Συνέχεια εκ της 1ης σελίδος

Κατά τας πληροφορίας εκ της πρωτευούσης αι αρμόδιαι υπηρεσίαι ανεκοίνωσαν ότι η κατάστασις παραμένει αμετάβλητος και ότι αι συνεννοήσεις συνεχίζονται μεταξύ των ενδιαφερομένων μερών, ενώ αναμένεται νεωτέρα ανακοίνωσις εντός των προσεχών ημερών. Κατά τας πληροφορίας εκ της πρωτευούσης αι αρμόδιαι υπηρεσίαι ανεκοίνωσαν ότι η κατάστασις παραμένει αμετάβλητος και ότι αι συνεννοήσεις συνεχίζονται μεταξύ των ενδιαφερομένων μερών, ενώ αναμένεται νεωτέρα ανακοίνωσις εντός των προσεχών ημερών.

Κατά τας πληροφορίας εκ της πρωτευούσης αι αρμόδιαι υπηρεσίαι ανεκοίνωσαν ότι η κατάστασις παραμένει αμετάβλητος και ότι αι συνεννοήσεις συνεχίζονται μεταξύ των ενδιαφερομένων μερών, ενώ αναμένεται νεωτέρα ανακοίνωσις εντός των προσεχών ημερών. Κατά τας πληροφορίας εκ της πρωτευούσης αι αρμόδιαι υπηρεσίαι ανεκοίνωσαν ότι η κατάστασις παραμένει αμετάβλητος και ότι αι συνεννοήσεις συνεχίζονται μεταξύ των ενδιαφερομένων μερών, ενώ αναμένεται νεωτέρα ανακοίνωσις εντός των προσεχών ημερών.

Κατά τας πληροφορίας εκ της πρωτευούσης αι αρμόδιαι υπηρεσίαι ανεκοίνωσαν ότι η κατάστασις παραμένει αμετάβλητος και ότι αι συνεννοήσεις συνεχίζονται μεταξύ των ενδιαφερομένων μερών, ενώ αναμένεται νεωτέρα ανακοίνωσις εντός των προσεχών ημερών. Κατά τας πληροφορίας εκ της πρωτευούσης αι αρμόδιαι υπηρεσίαι ανεκοίνωσαν ότι η κατάστασις παραμένει αμετάβλητος και ότι αι συνεννοήσεις συνεχίζονται μεταξύ των ενδιαφερομένων μερών, ενώ αναμένεται νεωτέρα ανακοίνωσις εντός των προσεχών ημερών.

Κατά τας πληροφορίας εκ της πρωτευούσης αι αρμόδιαι υπηρεσίαι ανεκοίνωσαν ότι η κατάστασις παραμένει αμετάβλητος και ότι αι συνεννοήσεις συνεχίζονται μεταξύ των ενδιαφερομένων μερών, ενώ αναμένεται νεωτέρα ανακοίνωσις εντός των προσεχών ημερών. Κατά τας πληροφορίας εκ της πρωτευούσης αι αρμόδιαι υπηρεσίαι ανεκοίνωσαν ότι η κατάστασις παραμένει αμετάβλητος και ότι αι συνεννοήσεις συνεχίζονται μεταξύ των ενδιαφερομένων μερών, ενώ αναμένεται νεωτέρα ανακοίνωσις εντός των προσεχών ημερών.

ΑΠΟΔΕΙΞΙΣ ΠΙΣΤΕΩΣ

Κατά τας πληροφορίας εκ της πρωτευούσης αι αρμόδιαι υπηρεσίαι ανεκοίνωσαν ότι η κατάστασις παραμένει αμετάβλητος και ότι αι συνεννοήσεις συνεχίζονται μεταξύ των ενδιαφερομένων μερών, ενώ αναμένεται νεωτέρα ανακοίνωσις εντός των προσεχών ημερών. Κατά τας πληροφορίας εκ της πρωτευούσης αι αρμόδιαι υπηρεσίαι ανεκοίνωσαν ότι η κατάστασις παραμένει αμετάβλητος και ότι αι συνεννοήσεις συνεχίζονται μεταξύ των ενδιαφερομένων μερών, ενώ αναμένεται νεωτέρα ανακοίνωσις εντός των προσεχών ημερών.

ΚΑΙ ΟΜΩΣ ΔΕΝ ΕΛΘΟΗ ΔΑΙΤΑ

Κατά τας πληροφορίας εκ της πρωτευούσης αι αρμόδιαι υπηρεσίαι ανεκοίνωσαν ότι η κατάστασις παραμένει αμετάβλητος και ότι αι συνεννοήσεις συνεχίζονται μεταξύ των ενδιαφερομένων μερών, ενώ αναμένεται νεωτέρα ανακοίνωσις εντός των προσεχών ημερών. Κατά τας πληροφορίας εκ της πρωτευούσης αι αρμόδιαι υπηρεσίαι ανεκοίνωσαν ότι η κατάστασις παραμένει αμετάβλητος και ότι αι συνεννοήσεις συνεχίζονται μεταξύ των ενδιαφερομένων μερών, ενώ αναμένεται νεωτέρα ανακοίνωσις εντός των προσεχών ημερών.

ΜΙΚΡΑΙ ΕΙΔΗΣΕΙΣ ΕΞ ΑΘΗΝΩΝ

Κατά τας πληροφορίας εκ της πρωτευούσης αι αρμόδιαι υπηρεσίαι ανεκοίνωσαν ότι η κατάστασις παραμένει αμετάβλητος και ότι αι συνεννοήσεις συνεχίζονται μεταξύ των ενδιαφερομένων μερών, ενώ αναμένεται νεωτέρα ανακοίνωσις εντός των προσεχών ημερών. Κατά τας πληροφορίας εκ της πρωτευούσης αι αρμόδιαι υπηρεσίαι ανεκοίνωσαν ότι η κατάστασις παραμένει αμετάβλητος και ότι αι συνεννοήσεις συνεχίζονται μεταξύ των ενδιαφερομένων μερών, ενώ αναμένεται νεωτέρα ανακοίνωσις εντός των προσεχών ημερών.

Κατά τας πληροφορίας εκ της πρωτευούσης αι αρμόδιαι υπηρεσίαι ανεκοίνωσαν ότι η κατάστασις παραμένει αμετάβλητος και ότι αι συνεννοήσεις συνεχίζονται μεταξύ των ενδιαφερομένων μερών, ενώ αναμένεται νεωτέρα ανακοίνωσις εντός των προσεχών ημερών. Κατά τας πληροφορίας εκ της πρωτευούσης αι αρμόδιαι υπηρεσίαι ανεκοίνωσαν ότι η κατάστασις παραμένει αμετάβλητος και ότι αι συνεννοήσεις συνεχίζονται μεταξύ των ενδιαφερομένων μερών, ενώ αναμένεται νεωτέρα ανακοίνωσις εντός των προσεχών ημερών.

Κατά τας πληροφορίας εκ της πρωτευούσης αι αρμόδιαι υπηρεσίαι ανεκοίνωσαν ότι η κατάστασις παραμένει αμετάβλητος και ότι αι συνεννοήσεις συνεχίζονται μεταξύ των ενδιαφερομένων μερών, ενώ αναμένεται νεωτέρα ανακοίνωσις εντός των προσεχών ημερών. Κατά τας πληροφορίας εκ της πρωτευούσης αι αρμόδιαι υπηρεσίαι ανεκοίνωσαν ότι η κατάστασις παραμένει αμετάβλητος και ότι αι συνεννοήσεις συνεχίζονται μεταξύ των ενδιαφερομένων μερών, ενώ αναμένεται νεωτέρα ανακοίνωσις εντός των προσεχών ημερών.

Κατά τας πληροφορίας εκ της πρωτευούσης αι αρμόδιαι υπηρεσίαι ανεκοίνωσαν ότι η κατάστασις παραμένει αμετάβλητος και ότι αι συνεννοήσεις συνεχίζονται μεταξύ των ενδιαφερομένων μερών, ενώ αναμένεται νεωτέρα ανακοίνωσις εντός των προσεχών ημερών. Κατά τας πληροφορίας εκ της πρωτευούσης αι αρμόδιαι υπηρεσίαι ανεκοίνωσαν ότι η κατάστασις παραμένει αμετάβλητος και ότι αι συνεννοήσεις συνεχίζονται μεταξύ των ενδιαφερομένων μερών, ενώ αναμένεται νεωτέρα ανακοίνωσις εντός των προσεχών ημερών.

ΤΟ ΧΡΗΜΑΤΙΣΤΗΡΙΟΝ ΤΩΝ ΕΜΠΟΡΕΥΜΑΤΩΝ

Κατά τας πληροφορίας εκ της πρωτευούσης αι αρμόδιαι υπηρεσίαι ανεκοίνωσαν ότι η κατάστασις παραμένει αμετάβλητος και ότι αι συνεννοήσεις συνεχίζονται μεταξύ των ενδιαφερομένων μερών, ενώ αναμένεται νεωτέρα ανακοίνωσις εντός των προσεχών ημερών. Κατά τας πληροφορίας εκ της πρωτευούσης αι αρμόδιαι υπηρεσίαι ανεκοίνωσαν ότι η κατάστασις παραμένει αμετάβλητος και ότι αι συνεννοήσεις συνεχίζονται μεταξύ των ενδιαφερομένων μερών, ενώ αναμένεται νεωτέρα ανακοίνωσις εντός των προσεχών ημερών.

Κατά τας πληροφορίας εκ της πρωτευούσης αι αρμόδιαι υπηρεσίαι ανεκοίνωσαν ότι η κατάστασις παραμένει αμετάβλητος και ότι αι συνεννοήσεις συνεχίζονται μεταξύ των ενδιαφερομένων μερών, ενώ αναμένεται νεωτέρα ανακοίνωσις εντός των προσεχών ημερών. Κατά τας πληροφορίας εκ της πρωτευούσης αι αρμόδιαι υπηρεσίαι ανεκοίνωσαν ότι η κατάστασις παραμένει αμετάβλητος και ότι αι συνεννοήσεις συνεχίζονται μεταξύ των ενδιαφερομένων μερών, ενώ αναμένεται νεωτέρα ανακοίνωσις εντός των προσεχών ημερών.

Κατά τας πληροφορίας εκ της πρωτευούσης αι αρμόδιαι υπηρεσίαι ανεκοίνωσαν ότι η κατάστασις παραμένει αμετάβλητος και ότι αι συνεννοήσεις συνεχίζονται μεταξύ των ενδιαφερομένων μερών, ενώ αναμένεται νεωτέρα ανακοίνωσις εντός των προσεχών ημερών. Κατά τας πληροφορίας εκ της πρωτευούσης αι αρμόδιαι υπηρεσίαι ανεκοίνωσαν ότι η κατάστασις παραμένει αμετάβλητος και ότι αι συνεννοήσεις συνεχίζονται μεταξύ των ενδιαφερομένων μερών, ενώ αναμένεται νεωτέρα ανακοίνωσις εντός των προσεχών ημερών.

Κατά τας πληροφορίας εκ της πρωτευούσης αι αρμόδιαι υπηρεσίαι ανεκοίνωσαν ότι η κατάστασις παραμένει αμετάβλητος και ότι αι συνεννοήσεις συνεχίζονται μεταξύ των ενδιαφερομένων μερών, ενώ αναμένεται νεωτέρα ανακοίνωσις εντός των προσεχών ημερών. Κατά τας πληροφορίας εκ της πρωτευούσης αι αρμόδιαι υπηρεσίαι ανεκοίνωσαν ότι η κατάστασις παραμένει αμετάβλητος και ότι αι συνεννοήσεις συνεχίζονται μεταξύ των ενδιαφερομένων μερών, ενώ αναμένεται νεωτέρα ανακοίνωσις εντός των προσεχών ημερών.

ΜΙΚΡΑΙ ΕΙΔΗΣΕΙΣ ΑΠΟ ΤΑΣ ΕΠΑΡΧΙΑΣ
ΑΠΟ ΤΟΝ ΚΟΙΛΙΝΔΡΟΝ

Κατά τας πληροφορίας εκ της πρωτευούσης αι αρμόδιαι υπηρεσίαι ανεκοίνωσαν ότι η κατάστασις παραμένει αμετάβλητος και ότι αι συνεννοήσεις συνεχίζονται μεταξύ των ενδιαφερομένων μερών, ενώ αναμένεται νεωτέρα ανακοίνωσις εντός των προσεχών ημερών. Κατά τας πληροφορίας εκ της πρωτευούσης αι αρμόδιαι υπηρεσίαι ανεκοίνωσαν ότι η κατάστασις παραμένει αμετάβλητος και ότι αι συνεννοήσεις συνεχίζονται μεταξύ των ενδιαφερομένων μερών, ενώ αναμένεται νεωτέρα ανακοίνωσις εντός των προσεχών ημερών.

Κατά τας πληροφορίας εκ της πρωτευούσης αι αρμόδιαι υπηρεσίαι ανεκοίνωσαν ότι η κατάστασις παραμένει αμετάβλητος και ότι αι συνεννοήσεις συνεχίζονται μεταξύ των ενδιαφερομένων μερών, ενώ αναμένεται νεωτέρα ανακοίνωσις εντός των προσεχών ημερών. Κατά τας πληροφορίας εκ της πρωτευούσης αι αρμόδιαι υπηρεσίαι ανεκοίνωσαν ότι η κατάστασις παραμένει αμετάβλητος και ότι αι συνεννοήσεις συνεχίζονται μεταξύ των ενδιαφερομένων μερών, ενώ αναμένεται νεωτέρα ανακοίνωσις εντός των προσεχών ημερών.

ΣΥΝΕΧΙΖΟΝΤΑΙ ΑΙ ΑΠΟΛΟΓΙΑΙ ΤΩΝ 31 ΥΠΕΥΘΥΝΩΝ ΔΙΑ ΤΑΣ ΔΙΑΔΗΛΩΣΕΙΣ

ΑΘΗΝΑΙ, 27. — Ελ των κρατουμένων — Κατά τας πληροφορίας εκ της πρωτευούσης αι αρμόδιαι υπηρεσίαι ανεκοίνωσαν ότι η κατάστασις παραμένει αμετάβλητος και ότι αι συνεννοήσεις συνεχίζονται μεταξύ των ενδιαφερομένων μερών, ενώ αναμένεται νεωτέρα ανακοίνωσις εντός των προσεχών ημερών.

Κατά τας πληροφορίας εκ της πρωτευούσης αι αρμόδιαι υπηρεσίαι ανεκοίνωσαν ότι η κατάστασις παραμένει αμετάβλητος και ότι αι συνεννοήσεις συνεχίζονται μεταξύ των ενδιαφερομένων μερών, ενώ αναμένεται νεωτέρα ανακοίνωσις εντός των προσεχών ημερών.

Κατά τας πληροφορίας εκ της πρωτευούσης αι αρμόδιαι υπηρεσίαι ανεκοίνωσαν ότι η κατάστασις παραμένει αμετάβλητος και ότι αι συνεννοήσεις συνεχίζονται μεταξύ των ενδιαφερομένων μερών, ενώ αναμένεται νεωτέρα ανακοίνωσις εντός των προσεχών ημερών.

310,50 ΔΡΧ. Η ΧΡΥΣΗ ΛΙΡΑ ΕΙΣ ΤΗΝ ΘΕΣΣΑΛΟΝΙΚΗΝ ΚΑΙ 300,70 ΔΡΧ. ΕΙΣ ΑΘΗΝΑΣ

Κατά τας πληροφορίας εκ της πρωτευούσης αι αρμόδιαι υπηρεσίαι ανεκοίνωσαν ότι η κατάστασις παραμένει αμετάβλητος και ότι αι συνεννοήσεις συνεχίζονται μεταξύ των ενδιαφερομένων μερών, ενώ αναμένεται νεωτέρα ανακοίνωσις εντός των προσεχών ημερών.

Κατά τας πληροφορίας εκ της πρωτευούσης αι αρμόδιαι υπηρεσίαι ανεκοίνωσαν ότι η κατάστασις παραμένει αμετάβλητος και ότι αι συνεννοήσεις συνεχίζονται μεταξύ των ενδιαφερομένων μερών, ενώ αναμένεται νεωτέρα ανακοίνωσις εντός των προσεχών ημερών.

Κατά τας πληροφορίας εκ της πρωτευούσης αι αρμόδιαι υπηρεσίαι ανεκοίνωσαν ότι η κατάστασις παραμένει αμετάβλητος και ότι αι συνεννοήσεις συνεχίζονται μεταξύ των ενδιαφερομένων μερών, ενώ αναμένεται νεωτέρα ανακοίνωσις εντός των προσεχών ημερών.

Κεφαλαί	310,75—310,80
Κωνστάντινος	298,00—300,00
Γαλλίαι	258,00—260,00
Ελβετίαι	265,00—266,00
Ιταλίαι	265,00—266,00
Βέλγικαι	265,00—266,00
ΠΕΝΤΕ ΧΩΡΙΚΟΙ ΕΔΗΛΗΤΗΡΙΑΣΘΗΣΑΝ ΕΚ ΒΡΩΣΕΩΣ ΤΥΡΟΥ

ΕΙΣ ΤΟ χωρίον "Αγγίσλας" — Κατά τας πληροφορίας εκ της πρωτευούσης αι αρμόδιαι υπηρεσίαι ανεκοίνωσαν ότι η κατάστασις παραμένει αμετάβλητος και ότι αι συνεννοήσεις συνεχίζονται μεταξύ των ενδιαφερομένων μερών, ενώ αναμένεται νεωτέρα ανακοίνωσις εντός των προσεχών ημερών.

Κατά τας πληροφορίας εκ της πρωτευούσης αι αρμόδιαι υπηρεσίαι ανεκοίνωσαν ότι η κατάστασις παραμένει αμετάβλητος και ότι αι συνεννοήσεις συνεχίζονται μεταξύ των ενδιαφερομένων μερών, ενώ αναμένεται νεωτέρα ανακοίνωσις εντός των προσεχών ημερών.

ΔΕΝ ΔΙΕΤΑΧΘΗ ΔΙΟΙΚΗΤΙΚΗ ΑΝΑΚΡΙΣΙΣ ΔΙΑ ΤΟΝ Κ. ΚΑΒΟΥΝΙΔΗΝ

ΑΘΗΝΑΙ, 27. — Ο υπουργός — Κατά τας πληροφορίας εκ της πρωτευούσης αι αρμόδιαι υπηρεσίαι ανεκοίνωσαν ότι η κατάστασις παραμένει αμετάβλητος και ότι αι συνεννοήσεις συνεχίζονται μεταξύ των ενδιαφερομένων μερών, ενώ αναμένεται νεωτέρα ανακοίνωσις εντός των προσεχών ημερών.

Κατά τας πληροφορίας εκ της πρωτευούσης αι αρμόδιαι υπηρεσίαι ανεκοίνωσαν ότι η κατάστασις παραμένει αμετάβλητος και ότι αι συνεννοήσεις συνεχίζονται μεταξύ των ενδιαφερομένων μερών, ενώ αναμένεται νεωτέρα ανακοίνωσις εντός των προσεχών ημερών.

ΤΡΕΙΣ ΤΡΑΥΜΑΤΙΑΙ ΕΚ ΤΡΟΧΑΙΩΝ ΑΤΥΧΗΜΑΤΩΝ

Τον 2ον μ.μ. χθες — Κατά τας πληροφορίας εκ της πρωτευούσης αι αρμόδιαι υπηρεσίαι ανεκοίνωσαν ότι η κατάστασις παραμένει αμετάβλητος και ότι αι συνεννοήσεις συνεχίζονται μεταξύ των ενδιαφερομένων μερών, ενώ αναμένεται νεωτέρα ανακοίνωσις εντός των προσεχών ημερών.

Κατά τας πληροφορίας εκ της πρωτευούσης αι αρμόδιαι υπηρεσίαι ανεκοίνωσαν ότι η κατάστασις παραμένει αμετάβλητος και ότι αι συνεννοήσεις συνεχίζονται μεταξύ των ενδιαφερομένων μερών, ενώ αναμένεται νεωτέρα ανακοίνωσις εντός των προσεχών ημερών.

ΑΝΑΤΟΛΙΚΟΓΕΡΜΑΝΟΣ ΥΠΟΥΡΓΟΣ ΕΙΣ ΤΗΝ ΣΥΡΙΑΝ

ΔΑΜΑΣΚΟΣ, 27. (Ρώυτερ). — Κατά τας πληροφορίας εκ της πρωτευούσης αι αρμόδιαι υπηρεσίαι ανεκοίνωσαν ότι η κατάστασις παραμένει αμετάβλητος και ότι αι συνεννοήσεις συνεχίζονται μεταξύ των ενδιαφερομένων μερών, ενώ αναμένεται νεωτέρα ανακοίνωσις εντός των προσεχών ημερών.

Κατά τας πληροφορίας εκ της πρωτευούσης αι αρμόδιαι υπηρεσίαι ανεκοίνωσαν ότι η κατάστασις παραμένει αμετάβλητος και ότι αι συνεννοήσεις συνεχίζονται μεταξύ των ενδιαφερομένων μερών, ενώ αναμένεται νεωτέρα ανακοίνωσις εντός των προσεχών ημερών.

Ο Κ. ΤΣΟΝΤΧΕ ΕΔΕΧΘΗ ΤΟΝ ΑΛΓΕΡΙΝΟΝ ΠΡΕΣΒΕΥΤΗΝ

ΟΥΑΣΙΓΚΤΩΝ, 27. (Ρώυτερ). — Κατά τας πληροφορίας εκ της πρωτευούσης αι αρμόδιαι υπηρεσίαι ανεκοίνωσαν ότι η κατάστασις παραμένει αμετάβλητος και ότι αι συνεννοήσεις συνεχίζονται μεταξύ των ενδιαφερομένων μερών, ενώ αναμένεται νεωτέρα ανακοίνωσις εντός των προσεχών ημερών.

Κατά τας πληροφορίας εκ της πρωτευούσης αι αρμόδιαι υπηρεσίαι ανεκοίνωσαν ότι η κατάστασις παραμένει αμετάβλητος και ότι αι συνεννοήσεις συνεχίζονται μεταξύ των ενδιαφερομένων μερών, ενώ αναμένεται νεωτέρα ανακοίνωσις εντός των προσεχών ημερών.

Η ΜΕΤΟΧΗ ΤΗΣ ΜΑΛΑΙΣΙΑΣ ΕΙΣ ΤΗΝ ΔΙΑΣΚΕΨΙΝ ΤΟΥ ΑΛΓΕΡΙΟΥ

ΚΟΥΑΛΑ ΛΟΥΜΠΟΥΡ, 27. (Ρώυτερ). — Κατά τας πληροφορίας εκ της πρωτευούσης αι αρμόδιαι υπηρεσίαι ανεκοίνωσαν ότι η κατάστασις παραμένει αμετάβλητος και ότι αι συνεννοήσεις συνεχίζονται μεταξύ των ενδιαφερομένων μερών, ενώ αναμένεται νεωτέρα ανακοίνωσις εντός των προσεχών ημερών.

Κατά τας πληροφορίας εκ της πρωτευούσης αι αρμόδιαι υπηρεσίαι ανεκοίνωσαν ότι η κατάστασις παραμένει αμετάβλητος και ότι αι συνεννοήσεις συνεχίζονται μεταξύ των ενδιαφερομένων μερών, ενώ αναμένεται νεωτέρα ανακοίνωσις εντός των προσεχών ημερών.

ΣΟΥΔΑΝΙΚΗ ΑΠΟΣΤΟΛΗ ΚΑΛΗΣ ΘΕΛΗΣΕΩΣ ΕΙΣ ΤΗΝ ΑΙΘΙΟΠΙΑΝ

ΑΔΔΙΣ ΑΜΠΕΜΠΑ, 27. (Ρώυτερ). — Κατά τας πληροφορίας εκ της πρωτευούσης αι αρμόδιαι υπηρεσίαι ανεκοίνωσαν ότι η κατάστασις παραμένει αμετάβλητος και ότι αι συνεννοήσεις συνεχίζονται μεταξύ των ενδιαφερομένων μερών, ενώ αναμένεται νεωτέρα ανακοίνωσις εντός των προσεχών ημερών.

Κατά τας πληροφορίας εκ της πρωτευούσης αι αρμόδιαι υπηρεσίαι ανεκοίνωσαν ότι η κατάστασις παραμένει αμετάβλητος και ότι αι συνεννοήσεις συνεχίζονται μεταξύ των ενδιαφερομένων μερών, ενώ αναμένεται νεωτέρα ανακοίνωσις εντός των προσεχών ημερών.

Η ΤΟΥΡΙΣΤΙΚΗ ΚΙΝΗΣΙΣ ΕΙΣ ΟΥΡΑΝΟΠΟΛΙΝ

Καθημερινώς — Κατά τας πληροφορίας εκ της πρωτευούσης αι αρμόδιαι υπηρεσίαι ανεκοίνωσαν ότι η κατάστασις παραμένει αμετάβλητος και ότι αι συνεννοήσεις συνεχίζονται μεταξύ των ενδιαφερομένων μερών, ενώ αναμένεται νεωτέρα ανακοίνωσις εντός των προσεχών ημερών.

Κατά τας πληροφορίας εκ της πρωτευούσης αι αρμόδιαι υπηρεσίαι ανεκοίνωσαν ότι η κατάστασις παραμένει αμετάβλητος και ότι αι συνεννοήσεις συνεχίζονται μεταξύ των ενδιαφερομένων μερών, ενώ αναμένεται νεωτέρα ανακοίνωσις εντός των προσεχών ημερών.

ΝΕΑΡΟΣ ΕΚΛΕΨΕ ΛΙΡΑΣ ΑΠΟ ΤΗΝ ΔΑΣΚΑΛΑΝ ΤΟΥ

ΑΘΗΝΑΙ, 27. — Ανηλικος — Κατά τας πληροφορίας εκ της πρωτευούσης αι αρμόδιαι υπηρεσίαι ανεκοίνωσαν ότι η κατάστασις παραμένει αμετάβλητος και ότι αι συνεννοήσεις συνεχίζονται μεταξύ των ενδιαφερομένων μερών, ενώ αναμένεται νεωτέρα ανακοίνωσις εντός των προσεχών ημερών.

Κατά τας πληροφορίας εκ της πρωτευούσης αι αρμόδιαι υπηρεσίαι ανεκοίνωσαν ότι η κατάστασις παραμένει αμετάβλητος και ότι αι συνεννοήσεις συνεχίζονται μεταξύ των ενδιαφερομένων μερών, ενώ αναμένεται νεωτέρα ανακοίνωσις εντός των προσεχών ημερών.

ΒΟΛΗ ΟΛΜΟΥ

Εις τον 17 Ε.Σ. — Κατά τας πληροφορίας εκ της πρωτευούσης αι αρμόδιαι υπηρεσίαι ανεκοίνωσαν ότι η κατάστασις παραμένει αμετάβλητος και ότι αι συνεννοήσεις συνεχίζονται μεταξύ των ενδιαφερομένων μερών, ενώ αναμένεται νεωτέρα ανακοίνωσις εντός των προσεχών ημερών.

ΑΙ ΚΟΜΜΑΤΙΚΑΙ ΟΡΓΑΝΩΣΕΙΣ ΤΗΣ ΕΝ. ΚΕΝΤΡΟΥ ΠΑΡΑ ΤΟ ΠΛΕΥΡΟΝ ΤΟΥ Κ. Γ. ΠΑΠΑΝΔΡΕΟΥ ΜΕΤΕΧΟΥΝ ΕΙΣ ΤΟΝ ΝΕΟΝ ΑΝΕΝΔΟΤΟΝ ΑΓΩΝΑ
Ουδεμία απολύτως επεκράτησε ή ενέχθη
την προδοτικήν ενέργειαν των εξωμοτών

Κατά τας πληροφορίας εκ της πρωτευούσης αι αρμόδιαι υπηρεσίαι ανεκοίνωσαν ότι η κατάστασις παραμένει αμετάβλητος και ότι αι συνεννοήσεις συνεχίζονται μεταξύ των ενδιαφερομένων μερών, ενώ αναμένεται νεωτέρα ανακοίνωσις εντός των προσεχών ημερών. Κατά τας πληροφορίας εκ της πρωτευούσης αι αρμόδιαι υπηρεσίαι ανεκοίνωσαν ότι η κατάστασις παραμένει αμετάβλητος και ότι αι συνεννοήσεις συνεχίζονται μεταξύ των ενδιαφερομένων μερών, ενώ αναμένεται νεωτέρα ανακοίνωσις εντός των προσεχών ημερών.

Κατά τας πληροφορίας εκ της πρωτευούσης αι αρμόδιαι υπηρεσίαι ανεκοίνωσαν ότι η κατάστασις παραμένει αμετάβλητος και ότι αι συνεννοήσεις συνεχίζονται μεταξύ των ενδιαφερομένων μερών, ενώ αναμένεται νεωτέρα ανακοίνωσις εντός των προσεχών ημερών. Κατά τας πληροφορίας εκ της πρωτευούσης αι αρμόδιαι υπηρεσίαι ανεκοίνωσαν ότι η κατάστασις παραμένει αμετάβλητος και ότι αι συνεννοήσεις συνεχίζονται μεταξύ των ενδιαφερομένων μερών, ενώ αναμένεται νεωτέρα ανακοίνωσις εντός των προσεχών ημερών.

ΑΙ ΣΥΓΚΕΝΤΡΩΣΕΙΣ

Κατά τας πληροφορίας εκ της πρωτευούσης αι αρμόδιαι υπηρεσίαι ανεκοίνωσαν ότι η κατάστασις παραμένει αμετάβλητος και ότι αι συνεννοήσεις συνεχίζονται μεταξύ των ενδιαφερομένων μερών, ενώ αναμένεται νεωτέρα ανακοίνωσις εντός των προσεχών ημερών. Κατά τας πληροφορίας εκ της πρωτευούσης αι αρμόδιαι υπηρεσίαι ανεκοίνωσαν ότι η κατάστασις παραμένει αμετάβλητος και ότι αι συνεννοήσεις συνεχίζονται μεταξύ των ενδιαφερομένων μερών, ενώ αναμένεται νεωτέρα ανακοίνωσις εντός των προσεχών ημερών.

Κατά τας πληροφορίας εκ της πρωτευούσης αι αρμόδιαι υπηρεσίαι ανεκοίνωσαν ότι η κατάστασις παραμένει αμετάβλητος και ότι αι συνεννοήσεις συνεχίζονται μεταξύ των ενδιαφερομένων μερών, ενώ αναμένεται νεωτέρα ανακοίνωσις εντός των προσεχών ημερών. Κατά τας πληροφορίας εκ της πρωτευούσης αι αρμόδιαι υπηρεσίαι ανεκοίνωσαν ότι η κατάστασις παραμένει αμετάβλητος και ότι αι συνεννοήσεις συνεχίζονται μεταξύ των ενδιαφερομένων μερών, ενώ αναμένεται νεωτέρα ανακοίνωσις εντός των προσεχών ημερών.

Ο Κ. ΣΠΗΛΙΩΤΟΠΟΥΛΟΣ

Κατά τας πληροφορίας εκ της πρωτευούσης αι αρμόδιαι υπηρεσίαι ανεκοίνωσαν ότι η κατάστασις παραμένει αμετάβλητος και ότι αι συνεννοήσεις συνεχίζονται μεταξύ των ενδιαφερομένων μερών, ενώ αναμένεται νεωτέρα ανακοίνωσις εντός των προσεχών ημερών. Κατά τας πληροφορίας εκ της πρωτευούσης αι αρμόδιαι υπηρεσίαι ανεκοίνωσαν ότι η κατάστασις παραμένει αμετάβλητος και ότι αι συνεννοήσεις συνεχίζονται μεταξύ των ενδιαφερομένων μερών, ενώ αναμένεται νεωτέρα ανακοίνωσις εντός των προσεχών ημερών.

ΠΑΘΗΣΟΣ ΥΨΗΛΑΝΤΗ

Κατά τας πληροφορίας εκ της πρωτευούσης αι αρμόδιαι υπηρεσίαι ανεκοίνωσαν ότι η κατάστασις παραμένει αμετάβλητος και ότι αι συνεννοήσεις συνεχίζονται μεταξύ των ενδιαφερομένων μερών, ενώ αναμένεται νεωτέρα ανακοίνωσις εντός των προσεχών ημερών. Κατά τας πληροφορίας εκ της πρωτευούσης αι αρμόδιαι υπηρεσίαι ανεκοίνωσαν ότι η κατάστασις παραμένει αμετάβλητος και ότι αι συνεννοήσεις συνεχίζονται μεταξύ των ενδιαφερομένων μερών, ενώ αναμένεται νεωτέρα ανακοίνωσις εντός των προσεχών ημερών.

Κατά τας πληροφορίας εκ της πρωτευούσης αι αρμόδιαι υπηρεσίαι ανεκοίνωσαν ότι η κατάστασις παραμένει αμετάβλητος και ότι αι συνεννοήσεις συνεχίζονται μεταξύ των ενδιαφερομένων μερών, ενώ αναμένεται νεωτέρα ανακοίνωσις εντός των προσεχών ημερών. Κατά τας πληροφορίας εκ της πρωτευούσης αι αρμόδιαι υπηρεσίαι ανεκοίνωσαν ότι η κατάστασις παραμένει αμετάβλητος και ότι αι συνεννοήσεις συνεχίζονται μεταξύ των ενδιαφερομένων μερών, ενώ αναμένεται νεωτέρα ανακοίνωσις εντός των προσεχών ημερών.

Κατά τας πληροφορίας εκ της πρωτευούσης αι αρμόδιαι υπηρεσίαι ανεκοίνωσαν ότι η κατάστασις παραμένει αμετάβλητος και ότι αι συνεννοήσεις συνεχίζονται μεταξύ των ενδιαφερομένων μερών, ενώ αναμένεται νεωτέρα ανακοίνωσις εντός των προσεχών ημερών. Κατά τας πληροφορίας εκ της πρωτευούσης αι αρμόδιαι υπηρεσίαι ανεκοίνωσαν ότι η κατάστασις παραμένει αμετάβλητος και ότι αι συνεννοήσεις συνεχίζονται μεταξύ των ενδιαφερομένων μερών, ενώ αναμένεται νεωτέρα ανακοίνωσις εντός των προσεχών ημερών.

ΔΡΑΣΤΗΡΙΟΤΗΣ ΕΙΣ ΣΕΡΡΑΣ

Κατά τας πληροφορίας εκ της πρωτευούσης αι αρμόδιαι υπηρεσίαι ανεκοίνωσαν ότι η κατάστασις παραμένει αμετάβλητος και ότι αι συνεννοήσεις συνεχίζονται μεταξύ των ενδιαφερομένων μερών, ενώ αναμένεται νεωτέρα ανακοίνωσις εντός των προσεχών ημερών. Κατά τας πληροφορίας εκ της πρωτευούσης αι αρμόδιαι υπηρεσίαι ανεκοίνωσαν ότι η κατάστασις παραμένει αμετάβλητος και ότι αι συνεννοήσεις συνεχίζονται μεταξύ των ενδιαφερομένων μερών, ενώ αναμένεται νεωτέρα ανακοίνωσις εντός των προσεχών ημερών.

Κατά τας πληροφορίας εκ της πρωτευούσης αι αρμόδιαι υπηρεσίαι ανεκοίνωσαν ότι η κατάστασις παραμένει αμετάβλητος και ότι αι συνεννοήσεις συνεχίζονται μεταξύ των ενδιαφερομένων μερών, ενώ αναμένεται νεωτέρα ανακοίνωσις εντός των προσεχών ημερών. Κατά τας πληροφορίας εκ της πρωτευούσης αι αρμόδιαι υπηρεσίαι ανεκοίνωσαν ότι η κατάστασις παραμένει αμετάβλητος και ότι αι συνεννοήσεις συνεχίζονται μεταξύ των ενδιαφερομένων μερών, ενώ αναμένεται νεωτέρα ανακοίνωσις εντός των προσεχών ημερών.

Κατά τας πληροφορίας εκ της πρωτευούσης αι αρμόδιαι υπηρεσίαι ανεκοίνωσαν ότι η κατάστασις παραμένει αμετάβλητος και ότι αι συνεννοήσεις συνεχίζονται μεταξύ των ενδιαφερομένων μερών, ενώ αναμένεται νεωτέρα ανακοίνωσις εντός των προσεχών ημερών. Κατά τας πληροφορίας εκ της πρωτευούσης αι αρμόδιαι υπηρεσίαι ανεκοίνωσαν ότι η κατάστασις παραμένει αμετάβλητος και ότι αι συνεννοήσεις συνεχίζονται μεταξύ των ενδιαφερομένων μερών, ενώ αναμένεται νεωτέρα ανακοίνωσις εντός των προσεχών ημερών.

Κατά τας πληροφορίας εκ της πρωτευούσης αι αρμόδιαι υπηρεσίαι ανεκοίνωσαν ότι η κατάστασις παραμένει αμετάβλητος και ότι αι συνεννοήσεις συνεχίζονται μεταξύ των ενδιαφερομένων μερών, ενώ αναμένεται νεωτέρα ανακοίνωσις εντός των προσεχών ημερών. Κατά τας πληροφορίας εκ της πρωτευούσης αι αρμόδιαι υπηρεσίαι ανεκοίνωσαν ότι η κατάστασις παραμένει αμετάβλητος και ότι αι συνεννοήσεις συνεχίζονται μεταξύ των ενδιαφερομένων μερών, ενώ αναμένεται νεωτέρα ανακοίνωσις εντός των προσεχών ημερών.

Κατά τας πληροφορίας εκ της πρωτευούσης αι αρμόδιαι υπηρεσίαι ανεκοίνωσαν ότι η κατάστασις παραμένει αμετάβλητος και ότι αι συνεννοήσεις συνεχίζονται μεταξύ των ενδιαφερομένων μερών, ενώ αναμένεται νεωτέρα ανακοίνωσις εντός των προσεχών ημερών. Κατά τας πληροφορίας εκ της πρωτευούσης αι αρμόδιαι υπηρεσίαι ανεκοίνωσαν ότι η κατάστασις παραμένει αμετάβλητος και ότι αι συνεννοήσεις συνεχίζονται μεταξύ των ενδιαφερομένων μερών, ενώ αναμένεται νεωτέρα ανακοίνωσις εντός των προσεχών ημερών.

ΕΙΣ ΤΟ ΚΙΛΚΙΣ

Κατά τας πληροφορίας εκ της πρωτευούσης αι αρμόδιαι υπηρεσίαι ανεκοίνωσαν ότι η κατάστασις παραμένει αμετάβλητος και ότι αι συνεννοήσεις συνεχίζονται μεταξύ των ενδιαφερομένων μερών, ενώ αναμένεται νεωτέρα ανακοίνωσις εντός των προσεχών ημερών. Κατά τας πληροφορίας εκ της πρωτευούσης αι αρμόδιαι υπηρεσίαι ανεκοίνωσαν ότι η κατάστασις παραμένει αμετάβλητος και ότι αι συνεννοήσεις συνεχίζονται μεταξύ των ενδιαφερομένων μερών, ενώ αναμένεται νεωτέρα ανακοίνωσις εντός των προσεχών ημερών.

ΕΙΣ ΤΗΝ ΔΡΑΜΑΝ

Κατά τας πληροφορίας εκ της πρωτευούσης αι αρμόδιαι υπηρεσίαι ανεκοίνωσαν ότι η κατάστασις παραμένει αμετάβλητος και ότι αι συνεννοήσεις συνεχίζονται μεταξύ των ενδιαφερομένων μερών, ενώ αναμένεται νεωτέρα ανακοίνωσις εντός των προσεχών ημερών. Κατά τας πληροφορίας εκ της πρωτευούσης αι αρμόδιαι υπηρεσίαι ανεκοίνωσαν ότι η κατάστασις παραμένει αμετάβλητος και ότι αι συνεννοήσεις συνεχίζονται μεταξύ των ενδιαφερομένων μερών, ενώ αναμένεται νεωτέρα ανακοίνωσις εντός των προσεχών ημερών.

ΕΙΣ ΤΗΝ ΑΛΕΞΑΝΔΡΟΥΠΟΛΙΝ

Κατά τας πληροφορίας εκ της πρωτευούσης αι αρμόδιαι υπηρεσίαι ανεκοίνωσαν ότι η κατάστασις παραμένει αμετάβλητος και ότι αι συνεννοήσεις συνεχίζονται μεταξύ των ενδιαφερομένων μερών, ενώ αναμένεται νεωτέρα ανακοίνωσις εντός των προσεχών ημερών. Κατά τας πληροφορίας εκ της πρωτευούσης αι αρμόδιαι υπηρεσίαι ανεκοίνωσαν ότι η κατάστασις παραμένει αμετάβλητος και ότι αι συνεννοήσεις συνεχίζονται μεταξύ των ενδιαφερομένων μερών, ενώ αναμένεται νεωτέρα ανακοίνωσις εντός των προσεχών ημερών.

ΕΙΣ ΝΕΑΝ ΟΡΕΣΤΙΑΔΑ

Κατά τας πληροφορίας εκ της πρωτευούσης αι αρμόδιαι υπηρεσίαι ανεκοίνωσαν ότι η κατάστασις παραμένει αμετάβλητος και ότι αι συνεννοήσεις συνεχίζονται μεταξύ των ενδιαφερομένων μερών, ενώ αναμένεται νεωτέρα ανακοίνωσις εντός των προσεχών ημερών. Κατά τας πληροφορίας εκ της πρωτευούσης αι αρμόδιαι υπηρεσίαι ανεκοίνωσαν ότι η κατάστασις παραμένει αμετάβλητος και ότι αι συνεννοήσεις συνεχίζονται μεταξύ των ενδιαφερομένων μερών, ενώ αναμένεται νεωτέρα ανακοίνωσις εντός των προσεχών ημερών.

Η ΑΠΕΡΓΙΑ ΕΙΣ ΔΡΑΜΑΝ, ΚΑΒΑΛΑΝ, ΚΟΖΑΝΗΝ ΑΛΕΞΑΝΔΡΟΥΠΟΛΙΝ, ΓΙΑΝΝΙΤΣΑ, ΚΑΤΕΡΙΝΗΝ
ΣΥΝΕΧΕΙΑ ΕΚ ΤΗΣ 1ΗΣ ΣΕΛΙΔΟΣ

Κατά τας πληροφορίας εκ της πρωτευούσης αι αρμόδιαι υπηρεσίαι ανεκοίνωσαν ότι η κατάστασις παραμένει αμετάβλητος και ότι αι συνεννοήσεις συνεχίζονται μεταξύ των ενδιαφερομένων μερών, ενώ αναμένεται νεωτέρα ανακοίνωσις εντός των προσεχών ημερών. Κατά τας πληροφορίας εκ της πρωτευούσης αι αρμόδιαι υπηρεσίαι ανεκοίνωσαν ότι η κατάστασις παραμένει αμετάβλητος και ότι αι συνεννοήσεις συνεχίζονται μεταξύ των ενδιαφερομένων μερών, ενώ αναμένεται νεωτέρα ανακοίνωσις εντός των προσεχών ημερών.

Ο ΥΠΟΥΡΓΟΣ ΕΡΓΑΣΙΑΣ

Κατά τας πληροφορίας εκ της πρωτευούσης αι αρμόδιαι υπηρεσίαι ανεκοίνωσαν ότι η κατάστασις παραμένει αμετάβλητος και ότι αι συνεννοήσεις συνεχίζονται μεταξύ των ενδιαφερομένων μερών, ενώ αναμένεται νεωτέρα ανακοίνωσις εντός των προσεχών ημερών. Κατά τας πληροφορίας εκ της πρωτευούσης αι αρμόδιαι υπηρεσίαι ανεκοίνωσαν ότι η κατάστασις παραμένει αμετάβλητος και ότι αι συνεννοήσεις συνεχίζονται μεταξύ των ενδιαφερομένων μερών, ενώ αναμένεται νεωτέρα ανακοίνωσις εντός των προσεχών ημερών.

ΕΙΣ ΤΗΝ ΑΛΕΞΑΝΔΡΟΥΠΟΛΙΝ

Κατά τας πληροφορίας εκ της πρωτευούσης αι αρμόδιαι υπηρεσίαι ανεκοίνωσαν ότι η κατάστασις παραμένει αμετάβλητος και ότι αι συνεννοήσεις συνεχίζονται μεταξύ των ενδιαφερομένων μερών, ενώ αναμένεται νεωτέρα ανακοίνωσις εντός των προσεχών ημερών. Κατά τας πληροφορίας εκ της πρωτευούσης αι αρμόδιαι υπηρεσίαι ανεκοίνωσαν ότι η κατάστασις παραμένει αμετάβλητος και ότι αι συνεννοήσεις συνεχίζονται μεταξύ των ενδιαφερομένων μερών, ενώ αναμένεται νεωτέρα ανακοίνωσις εντός των προσεχών ημερών.

ΕΙΣ ΤΑ ΓΙΑΝΝΙΤΣΑ

Κατά τας πληροφορίας εκ της πρωτευούσης αι αρμόδιαι υπηρεσίαι ανεκοίνωσαν ότι η κατάστασις παραμένει αμετάβλητος και ότι αι συνεννοήσεις συνεχίζονται μεταξύ των ενδιαφερομένων μερών, ενώ αναμένεται νεωτέρα ανακοίνωσις εντός των προσεχών ημερών. Κατά τας πληροφορίας εκ της πρωτευούσης αι αρμόδιαι υπηρεσίαι ανεκοίνωσαν ότι η κατάστασις παραμένει αμετάβλητος και ότι αι συνεννοήσεις συνεχίζονται μεταξύ των ενδιαφερομένων μερών, ενώ αναμένεται νεωτέρα ανακοίνωσις εντός των προσεχών ημερών.

ΕΙΣ ΤΗΝ ΔΡΑΜΑΝ

Κατά τας πληροφορίας εκ της πρωτευούσης αι αρμόδιαι υπηρεσίαι ανεκοίνωσαν ότι η κατάστασις παραμένει αμετάβλητος και ότι αι συνεννοήσεις συνεχίζονται μεταξύ των ενδιαφερομένων μερών, ενώ αναμένεται νεωτέρα ανακοίνωσις εντός των προσεχών ημερών. Κατά τας πληροφορίας εκ της πρωτευούσης αι αρμόδιαι υπηρεσίαι ανεκοίνωσαν ότι η κατάστασις παραμένει αμετάβλητος και ότι αι συνεννοήσεις συνεχίζονται μεταξύ των ενδιαφερομένων μερών, ενώ αναμένεται νεωτέρα ανακοίνωσις εντός των προσεχών ημερών.

ΣΥΛΛΗΨΕΙΣ ΕΙΣ ΚΑΒΑΛΑΝ

Κατά τας πληροφορίας εκ της πρωτευούσης αι αρμόδιαι υπηρεσίαι ανεκοίνωσαν ότι η κατάστασις παραμένει αμετάβλητος και ότι αι συνεννοήσεις συνεχίζονται μεταξύ των ενδιαφερομένων μερών, ενώ αναμένεται νεωτέρα ανακοίνωσις εντός των προσεχών ημερών. Κατά τας πληροφορίας εκ της πρωτευούσης αι αρμόδιαι υπηρεσίαι ανεκοίνωσαν ότι η κατάστασις παραμένει αμετάβλητος και ότι αι συνεννοήσεις συνεχίζονται μεταξύ των ενδιαφερομένων μερών, ενώ αναμένεται νεωτέρα ανακοίνωσις εντός των προσεχών ημερών.

Κατά τας πληροφορίας εκ της πρωτευούσης αι αρμόδιαι υπηρεσίαι ανεκοίνωσαν ότι η κατάστασις παραμένει αμετάβλητος και ότι αι συνεννοήσεις συνεχίζονται μεταξύ των ενδιαφερομένων μερών, ενώ αναμένεται νεωτέρα ανακοίνωσις εντός των προσεχών ημερών. Κατά τας πληροφορίας εκ της πρωτευούσης αι αρμόδιαι υπηρεσίαι ανεκοίνωσαν ότι η κατάστασις παραμένει αμετάβλητος και ότι αι συνεννοήσεις συνεχίζονται μεταξύ των ενδιαφερομένων μερών, ενώ αναμένεται νεωτέρα ανακοίνωσις εντός των προσεχών ημερών.

Κατά τας πληροφορίας εκ της πρωτευούσης αι αρμόδιαι υπηρεσίαι ανεκοίνωσαν ότι η κατάστασις παραμένει αμετάβλητος και ότι αι συνεννοήσεις συνεχίζονται μεταξύ των ενδιαφερομένων μερών, ενώ αναμένεται νεωτέρα ανακοίνωσις εντός των προσεχών ημερών. Κατά τας πληροφορίας εκ της πρωτευούσης αι αρμόδιαι υπηρεσίαι ανεκοίνωσαν ότι η κατάστασις παραμένει αμετάβλητος και ότι αι συνεννοήσεις συνεχίζονται μεταξύ των ενδιαφερομένων μερών, ενώ αναμένεται νεωτέρα ανακοίνωσις εντός των προσεχών ημερών.

ΟΙ ΟΙΚΟΔΟΜΟΙ ΑΙΓΙΟΥ

Κατά τας πληροφορίας εκ της πρωτευούσης αι αρμόδιαι υπηρεσίαι ανεκοίνωσαν ότι η κατάστασις παραμένει αμετάβλητος και ότι αι συνεννοήσεις συνεχίζονται μεταξύ των ενδιαφερομένων μερών, ενώ αναμένεται νεωτέρα ανακοίνωσις εντός των προσεχών ημερών. Κατά τας πληροφορίας εκ της πρωτευούσης αι αρμόδιαι υπηρεσίαι ανεκοίνωσαν ότι η κατάστασις παραμένει αμετάβλητος και ότι αι συνεννοήσεις συνεχίζονται μεταξύ των ενδιαφερομένων μερών, ενώ αναμένεται νεωτέρα ανακοίνωσις εντός των προσεχών ημερών.

ΕΙΣ ΤΗΝ ΚΟΖΑΝΗΝ

Κατά τας πληροφορίας εκ της πρωτευούσης αι αρμόδιαι υπηρεσίαι ανεκοίνωσαν ότι η κατάστασις παραμένει αμετάβλητος και ότι αι συνεννοήσεις συνεχίζονται μεταξύ των ενδιαφερομένων μερών, ενώ αναμένεται νεωτέρα ανακοίνωσις εντός των προσεχών ημερών. Κατά τας πληροφορίας εκ της πρωτευούσης αι αρμόδιαι υπηρεσίαι ανεκοίνωσαν ότι η κατάστασις παραμένει αμετάβλητος και ότι αι συνεννοήσεις συνεχίζονται μεταξύ των ενδιαφερομένων μερών, ενώ αναμένεται νεωτέρα ανακοίνωσις εντός των προσεχών ημερών.

ΕΙΣ ΤΑΣ ΠΑΤΡΑΣ

Κατά τας πληροφορίας εκ της πρωτευούσης αι αρμόδιαι υπηρεσίαι ανεκοίνωσαν ότι η κατάστασις παραμένει αμετάβλητος και ότι αι συνεννοήσεις συνεχίζονται μεταξύ των ενδιαφερομένων μερών, ενώ αναμένεται νεωτέρα ανακοίνωσις εντός των προσεχών ημερών. Κατά τας πληροφορίας εκ της πρωτευούσης αι αρμόδιαι υπηρεσίαι ανεκοίνωσαν ότι η κατάστασις παραμένει αμετάβλητος και ότι αι συνεννοήσεις συνεχίζονται μεταξύ των ενδιαφερομένων μερών, ενώ αναμένεται νεωτέρα ανακοίνωσις εντός των προσεχών ημερών.

ΕΙΣ ΤΟ ΗΡΑΚΛΕΙΟΝ

Κατά τας πληροφορίας εκ της πρωτευούσης αι αρμόδιαι υπηρεσίαι ανεκοίνωσαν ότι η κατάστασις παραμένει αμετάβλητος και ότι αι συνεννοήσεις συνεχίζονται μεταξύ των ενδιαφερομένων μερών, ενώ αναμένεται νεωτέρα ανακοίνωσις εντός των προσεχών ημερών. Κατά τας πληροφορίας εκ της πρωτευούσης αι αρμόδιαι υπηρεσίαι ανεκοίνωσαν ότι η κατάστασις παραμένει αμετάβλητος και ότι αι συνεννοήσεις συνεχίζονται μεταξύ των ενδιαφερομένων μερών, ενώ αναμένεται νεωτέρα ανακοίνωσις εντός των προσεχών ημερών.

Κατά τας πληροφορίας εκ της πρωτευούσης αι αρμόδιαι υπηρεσίαι ανεκοίνωσαν ότι η κατάστασις παραμένει αμετάβλητος και ότι αι συνεννοήσεις συνεχίζονται μεταξύ των ενδιαφερομένων μερών, ενώ αναμένεται νεωτέρα ανακοίνωσις εντός των προσεχών ημερών. Κατά τας πληροφορίας εκ της πρωτευούσης αι αρμόδιαι υπηρεσίαι ανεκοίνωσαν ότι η κατάστασις παραμένει αμετάβλητος και ότι αι συνεννοήσεις συνεχίζονται μεταξύ των ενδιαφερομένων μερών, ενώ αναμένεται νεωτέρα ανακοίνωσις εντός των προσεχών ημερών.

Κατά τας πληροφορίας εκ της πρωτευούσης αι αρμόδιαι υπηρεσίαι ανεκοίνωσαν ότι η κατάστασις παραμένει αμετάβλητος και ότι αι συνεννοήσεις συνεχίζονται μεταξύ των ενδιαφερομένων μερών, ενώ αναμένεται νεωτέρα ανακοίνωσις εντός των προσεχών ημερών. Κατά τας πληροφορίας εκ της πρωτευούσης αι αρμόδιαι υπηρεσίαι ανεκοίνωσαν ότι η κατάστασις παραμένει αμετάβλητος και ότι αι συνεννοήσεις συνεχίζονται μεταξύ των ενδιαφερομένων μερών, ενώ αναμένεται νεωτέρα ανακοίνωσις εντός των προσεχών ημερών.

ΑΙ ΠΛΗΡΟΦΟΡΙΑΙ ΤΟΥ «ΡΩΥΤΕΡ»

Κατά τας πληροφορίας εκ της πρωτευούσης αι αρμόδιαι υπηρεσίαι ανεκοίνωσαν ότι η κατάστασις παραμένει αμετάβλητος και ότι αι συνεννοήσεις συνεχίζονται μεταξύ των ενδιαφερομένων μερών, ενώ αναμένεται νεωτέρα ανακοίνωσις εντός των προσεχών ημερών. Κατά τας πληροφορίας εκ της πρωτευούσης αι αρμόδιαι υπηρεσίαι ανεκοίνωσαν ότι η κατάστασις παραμένει αμετάβλητος και ότι αι συνεννοήσεις συνεχίζονται μεταξύ των ενδιαφερομένων μερών, ενώ αναμένεται νεωτέρα ανακοίνωσις εντός των προσεχών ημερών.

ΔΙΑΜΑΡΤΥΡΙΑ ΚΑΤΑ ΤΟΥ Ε.Ι.Ρ.

Κατά τας πληροφορίας εκ της πρωτευούσης αι αρμόδιαι υπηρεσίαι ανεκοίνωσαν ότι η κατάστασις παραμένει αμετάβλητος και ότι αι συνεννοήσεις συνεχίζονται μεταξύ των ενδιαφερομένων μερών, ενώ αναμένεται νεωτέρα ανακοίνωσις εντός των προσεχών ημερών. Κατά τας πληροφορίας εκ της πρωτευούσης αι αρμόδιαι υπηρεσίαι ανεκοίνωσαν ότι η κατάστασις παραμένει αμετάβλητος και ότι αι συνεννοήσεις συνεχίζονται μεταξύ των ενδιαφερομένων μερών, ενώ αναμένεται νεωτέρα ανακοίνωσις εντός των προσεχών ημερών.

Κατά τας πληροφορίας εκ της πρωτευούσης αι αρμόδιαι υπηρεσίαι ανεκοίνωσαν ότι η κατάστασις παραμένει αμετάβλητος και ότι αι συνεννοήσεις συνεχίζονται μεταξύ των ενδιαφερομένων μερών, ενώ αναμένεται νεωτέρα ανακοίνωσις εντός των προσεχών ημερών. Κατά τας πληροφορίας εκ της πρωτευούσης αι αρμόδιαι υπηρεσίαι ανεκοίνωσαν ότι η κατάστασις παραμένει αμετάβλητος και ότι αι συνεννοήσεις συνεχίζονται μεταξύ των ενδιαφερομένων μερών, ενώ αναμένεται νεωτέρα ανακοίνωσις εντός των προσεχών ημερών.

ΣΕΛΙΣ 7
ΝΕΑΙ ΣΥΓΚΡΟΥΣΕΙΣ ΕΙΣ ΑΡΓΕΝΤΙΝΗΝ ΕΠΙ ΤΗ ΕΠΕΤΕΙΩ ΤΟΥ ΘΑΝΑΤΟΥ ΤΗΣ ΠΕΡΟΝ

ΜΠΟΥΕΝΟΣ ΑΫΡΕΣ, 27. (Ρώυτερ). — Κατά τας πληροφορίας εκ της πρωτευούσης αι αρμόδιαι υπηρεσίαι ανεκοίνωσαν ότι η κατάστασις παραμένει αμετάβλητος και ότι αι συνεννοήσεις συνεχίζονται μεταξύ των ενδιαφερομένων μερών, ενώ αναμένεται νεωτέρα ανακοίνωσις εντός των προσεχών ημερών.

Κατά τας πληροφορίας εκ της πρωτευούσης αι αρμόδιαι υπηρεσίαι ανεκοίνωσαν ότι η κατάστασις παραμένει αμετάβλητος και ότι αι συνεννοήσεις συνεχίζονται μεταξύ των ενδιαφερομένων μερών, ενώ αναμένεται νεωτέρα ανακοίνωσις εντός των προσεχών ημερών.

Κατά τας πληροφορίας εκ της πρωτευούσης αι αρμόδιαι υπηρεσίαι ανεκοίνωσαν ότι η κατάστασις παραμένει αμετάβλητος και ότι αι συνεννοήσεις συνεχίζονται μεταξύ των ενδιαφερομένων μερών, ενώ αναμένεται νεωτέρα ανακοίνωσις εντός των προσεχών ημερών.

ΑΝΕΒΛΗΘΗ Η ΔΙΚΗ ΤΩΝ ΓΕΡΜΑΝΩΝ ΚΑΤΑΣΚΟΠΩΝ

ΚΑΪ-ΡΟΝ, 27. (Ρώυτερ). — Κατά τας πληροφορίας εκ της πρωτευούσης αι αρμόδιαι υπηρεσίαι ανεκοίνωσαν ότι η κατάστασις παραμένει αμετάβλητος και ότι αι συνεννοήσεις συνεχίζονται μεταξύ των ενδιαφερομένων μερών, ενώ αναμένεται νεωτέρα ανακοίνωσις εντός των προσεχών ημερών.

Κατά τας πληροφορίας εκ της πρωτευούσης αι αρμόδιαι υπηρεσίαι ανεκοίνωσαν ότι η κατάστασις παραμένει αμετάβλητος και ότι αι συνεννοήσεις συνεχίζονται μεταξύ των ενδιαφερομένων μερών, ενώ αναμένεται νεωτέρα ανακοίνωσις εντός των προσεχών ημερών.

Κατά τας πληροφορίας εκ της πρωτευούσης αι αρμόδιαι υπηρεσίαι ανεκοίνωσαν ότι η κατάστασις παραμένει αμετάβλητος και ότι αι συνεννοήσεις συνεχίζονται μεταξύ των ενδιαφερομένων μερών, ενώ αναμένεται νεωτέρα ανακοίνωσις εντός των προσεχών ημερών.

ΝΕΑΙ ΚΑΤΗΓΟΡΙΑΙ ΚΑΤΑ ΝΑΖΙΣΤΩΝ ΕΓΚΛΗΜΑΤΙΩΝ

ΦΡΑΓΚΦΟΥΡΤΗ, 27. (Ρώυτερ). — Κατά τας πληροφορίας εκ της πρωτευούσης αι αρμόδιαι υπηρεσίαι ανεκοίνωσαν ότι η κατάστασις παραμένει αμετάβλητος και ότι αι συνεννοήσεις συνεχίζονται μεταξύ των ενδιαφερομένων μερών, ενώ αναμένεται νεωτέρα ανακοίνωσις εντός των προσεχών ημερών.

Κατά τας πληροφορίας εκ της πρωτευούσης αι αρμόδιαι υπηρεσίαι ανεκοίνωσαν ότι η κατάστασις παραμένει αμετάβλητος και ότι αι συνεννοήσεις συνεχίζονται μεταξύ των ενδιαφερομένων μερών, ενώ αναμένεται νεωτέρα ανακοίνωσις εντός των προσεχών ημερών.

Κατά τας πληροφορίας εκ της πρωτευούσης αι αρμόδιαι υπηρεσίαι ανεκοίνωσαν ότι η κατάστασις παραμένει αμετάβλητος και ότι αι συνεννοήσεις συνεχίζονται μεταξύ των ενδιαφερομένων μερών, ενώ αναμένεται νεωτέρα ανακοίνωσις εντός των προσεχών ημερών.

ΑΙ ΟΙΚΟΝΟΜΙΚΑΙ ΣΧΕΣΕΙΣ ΤΗΣ ΑΜΕΡΙΚΗΣ ΜΕ ΤΗΝ Ν. ΑΦΡΙΚΗΝ

ΟΥΑΣΙΓΚΤΩΝ, 27. (Ασσ. Πρές). — Κατά τας πληροφορίας εκ της πρωτευούσης αι αρμόδιαι υπηρεσίαι ανεκοίνωσαν ότι η κατάστασις παραμένει αμετάβλητος και ότι αι συνεννοήσεις συνεχίζονται μεταξύ των ενδιαφερομένων μερών, ενώ αναμένεται νεωτέρα ανακοίνωσις εντός των προσεχών ημερών.

Κατά τας πληροφορίας εκ της πρωτευούσης αι αρμόδιαι υπηρεσίαι ανεκοίνωσαν ότι η κατάστασις παραμένει αμετάβλητος και ότι αι συνεννοήσεις συνεχίζονται μεταξύ των ενδιαφερομένων μερών, ενώ αναμένεται νεωτέρα ανακοίνωσις εντός των προσεχών ημερών.

Κατά τας πληροφορίας εκ της πρωτευούσης αι αρμόδιαι υπηρεσίαι ανεκοίνωσαν ότι η κατάστασις παραμένει αμετάβλητος και ότι αι συνεννοήσεις συνεχίζονται μεταξύ των ενδιαφερομένων μερών, ενώ αναμένεται νεωτέρα ανακοίνωσις εντός των προσεχών ημερών.

Ο ΤΖΟΝΣΟΝ ΥΠΕΓΡΑΨΕ ΤΟ ΔΙΑΓΡΑΜΜΑ ΔΙΑ ΤΑ ΣΙΓΑΡΕΤΤΑ

ΟΥΑΣΙΓΚΤΩΝ, 27. (Ασσ. Πρές). — Κατά τας πληροφορίας εκ της πρωτευούσης αι αρμόδιαι υπηρεσίαι ανεκοίνωσαν ότι η κατάστασις παραμένει αμετάβλητος και ότι αι συνεννοήσεις συνεχίζονται μεταξύ των ενδιαφερομένων μερών, ενώ αναμένεται νεωτέρα ανακοίνωσις εντός των προσεχών ημερών.

Κατά τας πληροφορίας εκ της πρωτευούσης αι αρμόδιαι υπηρεσίαι ανεκοίνωσαν ότι η κατάστασις παραμένει αμετάβλητος και ότι αι συνεννοήσεις συνεχίζονται μεταξύ των ενδιαφερομένων μερών, ενώ αναμένεται νεωτέρα ανακοίνωσις εντός των προσεχών ημερών.

ΣΥΓΓΕΝΕΙΣ ΤΟΥ ΤΣΟΜΠΕ ΑΠΗΛΑΘΗΣΑΝ ΕΚ ΖΑΜΒΙΑΣ

ΛΟΥΣΑΚΑ, 27. (Ρώυτερ). — Κατά τας πληροφορίας εκ της πρωτευούσης αι αρμόδιαι υπηρεσίαι ανεκοίνωσαν ότι η κατάστασις παραμένει αμετάβλητος και ότι αι συνεννοήσεις συνεχίζονται μεταξύ των ενδιαφερομένων μερών, ενώ αναμένεται νεωτέρα ανακοίνωσις εντός των προσεχών ημερών.

Κατά τας πληροφορίας εκ της πρωτευούσης αι αρμόδιαι υπηρεσίαι ανεκοίνωσαν ότι η κατάστασις παραμένει αμετάβλητος και ότι αι συνεννοήσεις συνεχίζονται μεταξύ των ενδιαφερομένων μερών, ενώ αναμένεται νεωτέρα ανακοίνωσις εντός των προσεχών ημερών.

Ο ΦΟΟΥΑΡΦ ΘΑ ΕΠΙΣΚΕΦΘΗ ΧΩΡΑΣ ΤΗΣ ΔΥΤ. ΕΥΡΩΠΗΣ

ΟΥΑΣΙΓΚΤΩΝ, 27. (Ρώυτερ). — Κατά τας πληροφορίας εκ της πρωτευούσης αι αρμόδιαι υπηρεσίαι ανεκοίνωσαν ότι η κατάστασις παραμένει αμετάβλητος και ότι αι συνεννοήσεις συνεχίζονται μεταξύ των ενδιαφερομένων μερών, ενώ αναμένεται νεωτέρα ανακοίνωσις εντός των προσεχών ημερών.

Κατά τας πληροφορίας εκ της πρωτευούσης αι αρμόδιαι υπηρεσίαι ανεκοίνωσαν ότι η κατάστασις παραμένει αμετάβλητος και ότι αι συνεννοήσεις συνεχίζονται μεταξύ των ενδιαφερομένων μερών, ενώ αναμένεται νεωτέρα ανακοίνωσις εντός των προσεχών ημερών.

ΝΑΥΤΙΛΙΑΚΗ ΣΥΜΦΩΝΙΑ ΜΕΤΑΞΥ ΓΑΛΛΙΑΣ ΚΑΙ ΙΑΠΩΝΙΑΣ

ΠΑΡΙΣΙΟΙ, 27. (Ασσ. Πρές). — Κατά τας πληροφορίας εκ της πρωτευούσης αι αρμόδιαι υπηρεσίαι ανεκοίνωσαν ότι η κατάστασις παραμένει αμετάβλητος και ότι αι συνεννοήσεις συνεχίζονται μεταξύ των ενδιαφερομένων μερών, ενώ αναμένεται νεωτέρα ανακοίνωσις εντός των προσεχών ημερών.

Κατά τας πληροφορίας εκ της πρωτευούσης αι αρμόδιαι υπηρεσίαι ανεκοίνωσαν ότι η κατάστασις παραμένει αμετάβλητος και ότι αι συνεννοήσεις συνεχίζονται μεταξύ των ενδιαφερομένων μερών, ενώ αναμένεται νεωτέρα ανακοίνωσις εντός των προσεχών ημερών.

ΑΙ ΑΝΟΧΙΣΑΙ ΤΩΝ ΕΚΤΕΙΝΩΝ "ΤΕΕΣ"

ΛΟΝΔΙΝΟΝ, 27. (Ασσ. Πρές). — Κατά τας πληροφορίας εκ της πρωτευούσης αι αρμόδιαι υπηρεσίαι ανεκοίνωσαν ότι η κατάστασις παραμένει αμετάβλητος και ότι αι συνεννοήσεις συνεχίζονται μεταξύ των ενδιαφερομένων μερών, ενώ αναμένεται νεωτέρα ανακοίνωσις εντός των προσεχών ημερών.

Κατά τας πληροφορίας εκ της πρωτευούσης αι αρμόδιαι υπηρεσίαι ανεκοίνωσαν ότι η κατάστασις παραμένει αμετάβλητος και ότι αι συνεννοήσεις συνεχίζονται μεταξύ των ενδιαφερομένων μερών, ενώ αναμένεται νεωτέρα ανακοίνωσις εντός των προσεχών ημερών.

ΕΡΓΑΤΙΚΑΙ ΔΙΑΔΗΛΩΣΕΙΣ ΕΙΣ ΑΡΓΕΝΤΙΝΗΝ

ΚΟΡΔΟΒΑ, "Αργεντινή" 27. (Ρώυτερ). — Κατά τας πληροφορίας εκ της πρωτευούσης αι αρμόδιαι υπηρεσίαι ανεκοίνωσαν ότι η κατάστασις παραμένει αμετάβλητος και ότι αι συνεννοήσεις συνεχίζονται μεταξύ των ενδιαφερομένων μερών, ενώ αναμένεται νεωτέρα ανακοίνωσις εντός των προσεχών ημερών.

Κατά τας πληροφορίας εκ της πρωτευούσης αι αρμόδιαι υπηρεσίαι ανεκοίνωσαν ότι η κατάστασις παραμένει αμετάβλητος και ότι αι συνεννοήσεις συνεχίζονται μεταξύ των ενδιαφερομένων μερών, ενώ αναμένεται νεωτέρα ανακοίνωσις εντός των προσεχών ημερών.

Ο ΣΟΜΑΛΟΣ ΠΡΟΕΔΡΟΣ ΠΕΡΙΟΔΕΥΕΙ ΤΗΝ ΛΑΪΚΗΝ ΚΙΝΑΝ

ΣΑΓΚΑΗ, 27. (Ρώυτερ). — Κατά τας πληροφορίας εκ της πρωτευούσης αι αρμόδιαι υπηρεσίαι ανεκοίνωσαν ότι η κατάστασις παραμένει αμετάβλητος και ότι αι συνεννοήσεις συνεχίζονται μεταξύ των ενδιαφερομένων μερών, ενώ αναμένεται νεωτέρα ανακοίνωσις εντός των προσεχών ημερών.

Κατά τας πληροφορίας εκ της πρωτευούσης αι αρμόδιαι υπηρεσίαι ανεκοίνωσαν ότι η κατάστασις παραμένει αμετάβλητος και ότι αι συνεννοήσεις συνεχίζονται μεταξύ των ενδιαφερομένων μερών, ενώ αναμένεται νεωτέρα ανακοίνωσις εντός των προσεχών ημερών.

Ο ΙΣΙΚ ΠΡΟΣΕΚΛΗΘΗ ΕΙΣ ΒΕΛΙΓΡΑΔΙΟΝ

ΒΕΛΙΓΡΑΔΙΟΝ, 27. (Ρώυτερ). — Κατά τας πληροφορίας εκ της πρωτευούσης αι αρμόδιαι υπηρεσίαι ανεκοίνωσαν ότι η κατάστασις παραμένει αμετάβλητος και ότι αι συνεννοήσεις συνεχίζονται μεταξύ των ενδιαφερομένων μερών, ενώ αναμένεται νεωτέρα ανακοίνωσις εντός των προσεχών ημερών.

Κατά τας πληροφορίας εκ της πρωτευούσης αι αρμόδιαι υπηρεσίαι ανεκοίνωσαν ότι η κατάστασις παραμένει αμετάβλητος και ότι αι συνεννοήσεις συνεχίζονται μεταξύ των ενδιαφερομένων μερών, ενώ αναμένεται νεωτέρα ανακοίνωσις εντός των προσεχών ημερών.

Η ΙΝΔΙΑ ΑΓΟΡΑΖΕΙ ΑΜΕΡΙΚΑΝΙΚΟΝ ΣΙΤΟΝ

ΝΕΟΝ ΔΕΛΧΙ, 27. (Ρώυτερ). — Κατά τας πληροφορίας εκ της πρωτευούσης αι αρμόδιαι υπηρεσίαι ανεκοίνωσαν ότι η κατάστασις παραμένει αμετάβλητος και ότι αι συνεννοήσεις συνεχίζονται μεταξύ των ενδιαφερομένων μερών, ενώ αναμένεται νεωτέρα ανακοίνωσις εντός των προσεχών ημερών.

Κατά τας πληροφορίας εκ της πρωτευούσης αι αρμόδιαι υπηρεσίαι ανεκοίνωσαν ότι η κατάστασις παραμένει αμετάβλητος και ότι αι συνεννοήσεις συνεχίζονται μεταξύ των ενδιαφερομένων μερών, ενώ αναμένεται νεωτέρα ανακοίνωσις εντός των προσεχών ημερών.

ΝΕΑ ΓΡΑΜΜΑΤΟΣΗΜΑ ΕΙΣ ΤΗΝ ΑΓΓΛΙΑΝ

ΛΟΝΔΙΝΟΝ, 27. (Ρώυτερ). — Κατά τας πληροφορίας εκ της πρωτευούσης αι αρμόδιαι υπηρεσίαι ανεκοίνωσαν ότι η κατάστασις παραμένει αμετάβλητος και ότι αι συνεννοήσεις συνεχίζονται μεταξύ των ενδιαφερομένων μερών, ενώ αναμένεται νεωτέρα ανακοίνωσις εντός των προσεχών ημερών.

ΑΠΕΒΙΩΣΕΝ Ο ΛΓΚΑΝΕΛ ΡΟΠΣ

ΠΑΡΙΣΙΟΙ, 27. (Ασσ. Πρές). — Κατά τας πληροφορίας εκ της πρωτευούσης αι αρμόδιαι υπηρεσίαι ανεκοίνωσαν ότι η κατάστασις παραμένει αμετάβλητος και ότι αι συνεννοήσεις συνεχίζονται μεταξύ των ενδιαφερομένων μερών, ενώ αναμένεται νεωτέρα ανακοίνωσις εντός των προσεχών ημερών.
